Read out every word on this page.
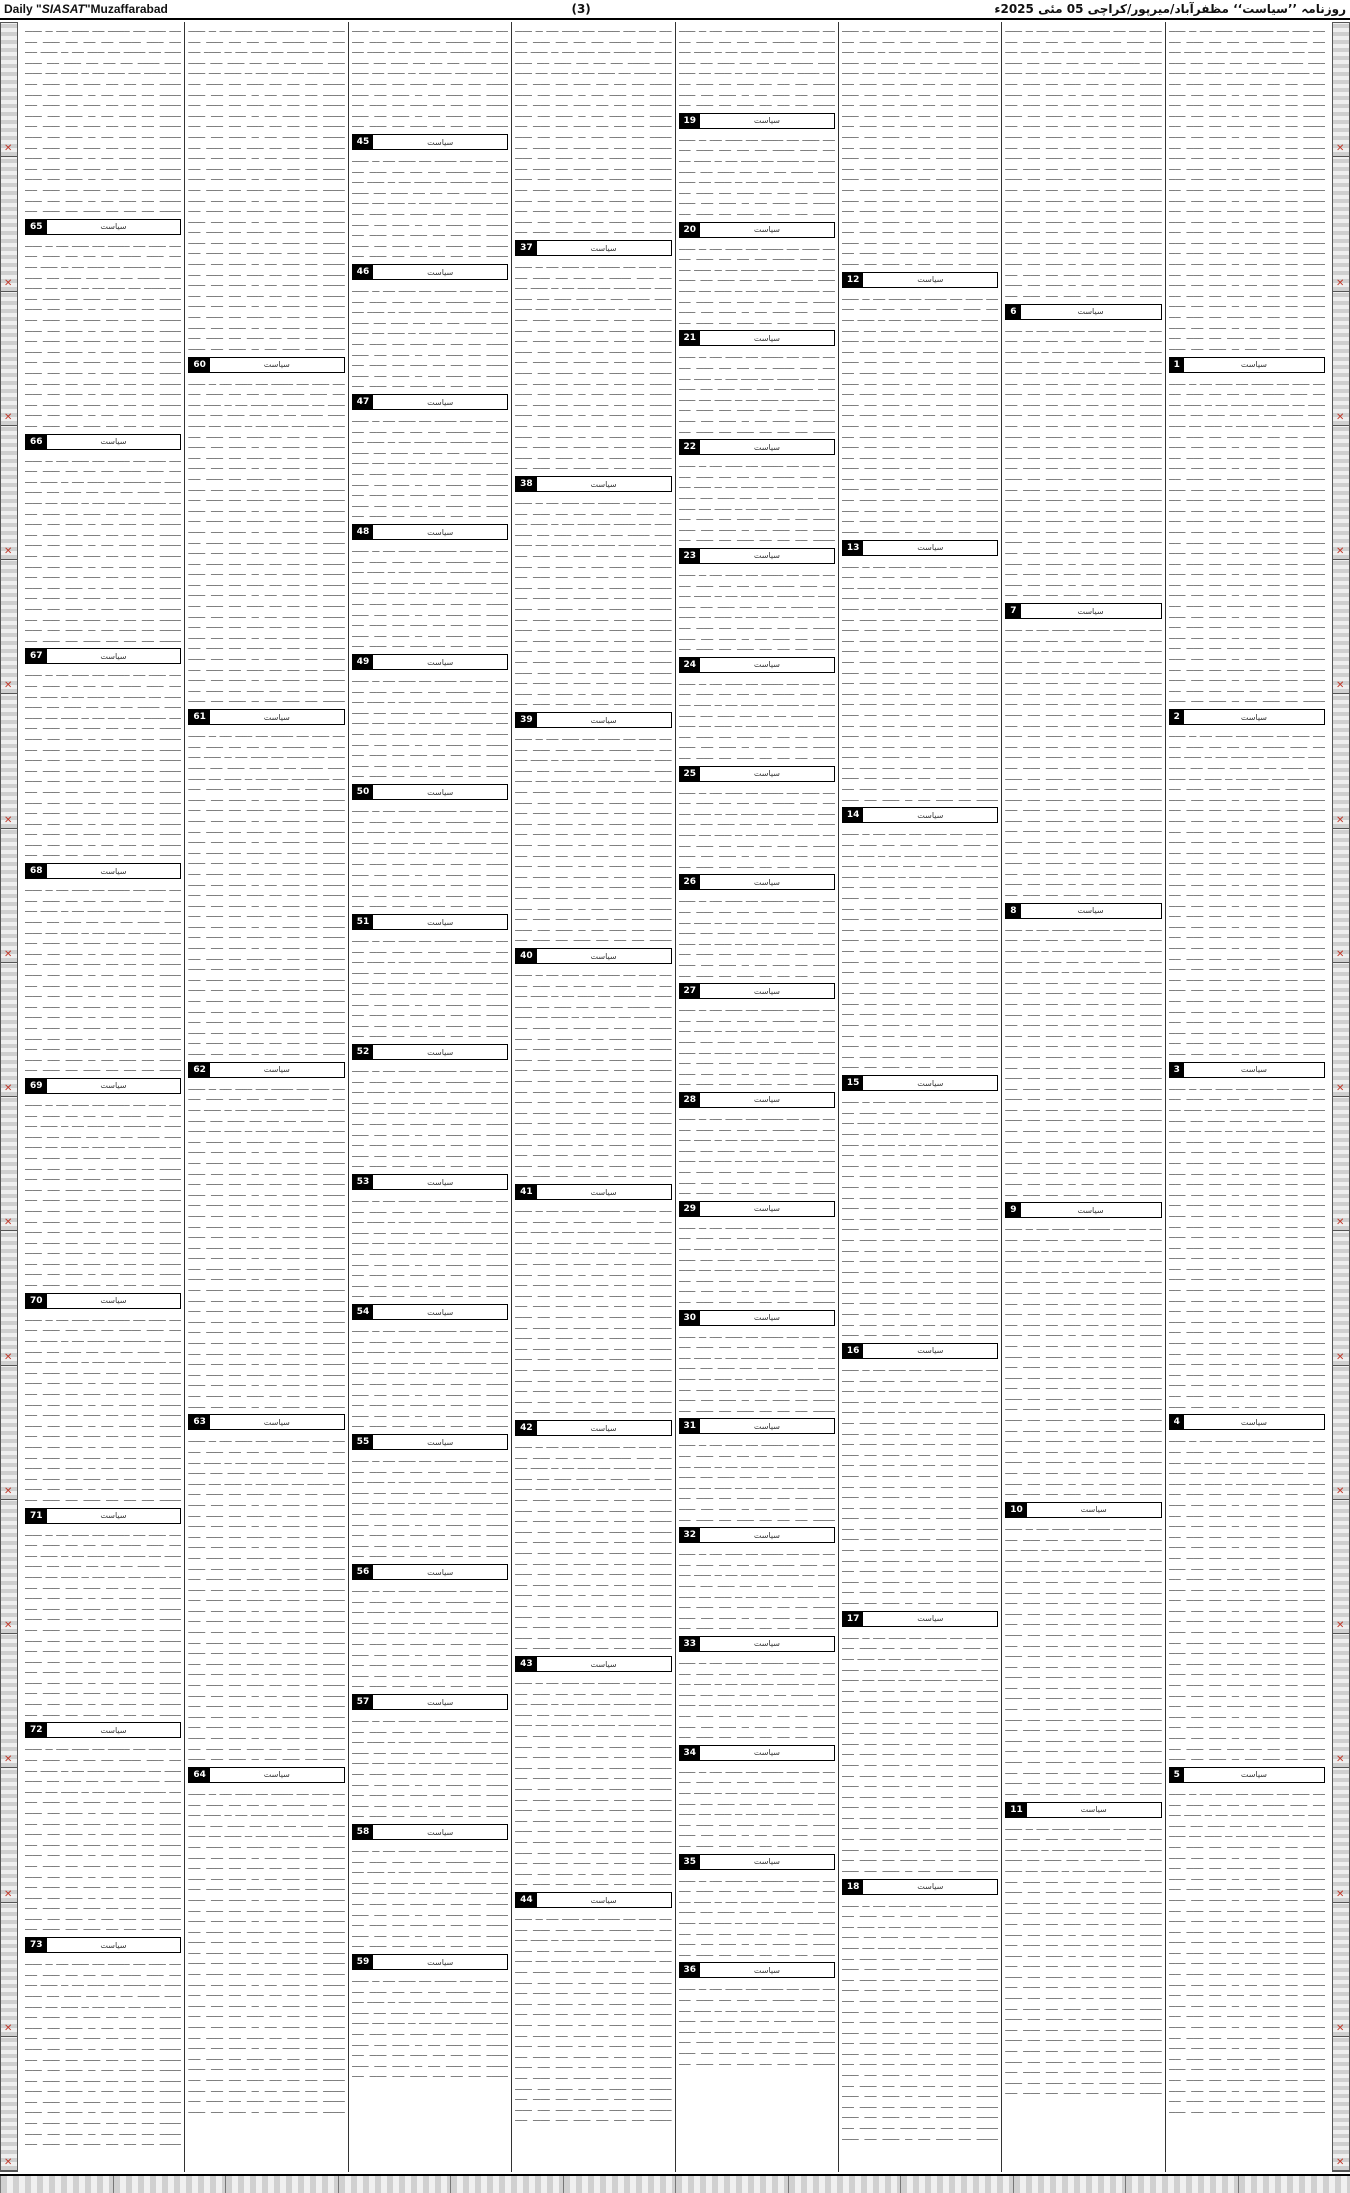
Daily "SIASAT"Muzaffarabad	(3)	روزنامہ ’’سیاست‘‘ مظفرآباد/میرپور/کراچی 05 مئی 2025ء
✕
✕
✕
✕
✕
✕
✕
✕
✕
✕
✕
✕
✕
✕
✕
✕
ـــــ ـــــــ ـــــ ـــــــــ ـــــ ـــــــ ـــــ ـــ ـــــــ ـــــ ـــــــ ـــــــــ ـــــ ـــــ ـــــ ـــــــ ـــــ ـــــــ ـــــ ـــــــــ ـــــ ـــــــ ـــــ ـــ ـــــــ ـــــ ـــــــ ـــــــــ ـــــ ـــــ ـــــ ـــــــ ـــــ ـــــــ ـــــ ـــــــــ ـــــ ـــــــ ـــــ ـــ ـــــــ ـــــ ـــــــ ـــــــــ ـــــ ـــــ ـــــ ـــــــ ـــــ ـــــــ ـــــ ـــــــــ ـــــ ـــــــ ـــــ ـــ ـــــــ ـــــ ـــــــ ـــــــــ ـــــ ـــــ ـــــ ـــــــ ـــــ ـــــــ ـــــ ـــــــــ ـــــ ـــــــ ـــــ ـــ ـــــــ ـــــ ـــــــ ـــــــــ ـــــ ـــــ ـــــ ـــــــ ـــــ ـــــــ ـــــ ـــــــــ ـــــ ـــــــ ـــــ ـــ ـــــــ ـــــ ـــــــ ـــــــــ ـــــ ـــــ ـــــ ـــــــ ـــــ ـــــــ ـــــ ـــــــــ ـــــ ـــــــ ـــــ ـــ ـــــــ ـــــ ـــــــ ـــــــــ ـــــ ـــــ ـــــ ـــــــ ـــــ ـــــــ ـــــ ـــــــــ ـــــ ـــــــ ـــــ ـــ ـــــــ ـــــ ـــــــ ـــــــــ ـــــ ـــــ ـــــ ـــــــ ـــــ ـــــــ ـــــ ـــــــــ ـــــ ـــــــ ـــــ ـــ ـــــــ ـــــ ـــــــ ـــــــــ ـــــ ـــــ ـــــ ـــــــ ـــــ ـــــــ ـــــ ـــــــــ ـــــ ـــــــ ـــــ ـــ ـــــــ ـــــ ـــــــ ـــــــــ ـــــ ـــــ ـــــ ـــــــ ـــــ ـــــــ ـــــ ـــــــــ ـــــ ـــــــ ـــــ ـــ ـــــــ ـــــ ـــــــ ـــــــــ ـــــ ـــــ ـــــ ـــــــ ـــــ ـــــــ ـــــ ـــــــــ ـــــ ـــــــ ـــــ ـــ ـــــــ ـــــ ـــــــ ـــــــــ ـــــ ـــــ ـــــ ـــــــ ـــــ ـــــــ ـــــ ـــــــــ ـــــ ـــــــ ـــــ ـــ ـــــــ ـــــ ـــــــ ـــــــــ ـــــ ـــــ ـــــ ـــــــ ـــــ ـــــــ ـــــ ـــــــــ ـــــ ـــــــ ـــــ ـــ ـــــــ ـــــ ـــــــ ـــــــــ ـــــ ـــــ ـــــ ـــــــ ـــــ ـــــــ ـــــ ـــــــــ ـــــ ـــــــ ـــــ ـــ ـــــــ ـــــ ـــــــ ـــــــــ ـــــ ـــــ ـــــ ـــــــ ـــــ ـــــــ ـــــ ـــــــــ ـــــ ـــــــ ـــــ ـــ ـــــــ ـــــ ـــــــ
1	سیاست
ـــــ ـــــــ ـــــ ـــــــــ ـــــ ـــــــ ـــــ ـــ ـــــــ ـــــ ـــــــ ـــــــــ ـــــ ـــــ ـــــ ـــــــ ـــــ ـــــــ ـــــ ـــــــــ ـــــ ـــــــ ـــــ ـــ ـــــــ ـــــ ـــــــ ـــــــــ ـــــ ـــــ ـــــ ـــــــ ـــــ ـــــــ ـــــ ـــــــــ ـــــ ـــــــ ـــــ ـــ ـــــــ ـــــ ـــــــ ـــــــــ ـــــ ـــــ ـــــ ـــــــ ـــــ ـــــــ ـــــ ـــــــــ ـــــ ـــــــ ـــــ ـــ ـــــــ ـــــ ـــــــ ـــــــــ ـــــ ـــــ ـــــ ـــــــ ـــــ ـــــــ ـــــ ـــــــــ ـــــ ـــــــ ـــــ ـــ ـــــــ ـــــ ـــــــ ـــــــــ ـــــ ـــــ ـــــ ـــــــ ـــــ ـــــــ ـــــ ـــــــــ ـــــ ـــــــ ـــــ ـــ ـــــــ ـــــ ـــــــ ـــــــــ ـــــ ـــــ ـــــ ـــــــ ـــــ ـــــــ ـــــ ـــــــــ ـــــ ـــــــ ـــــ ـــ ـــــــ ـــــ ـــــــ ـــــــــ ـــــ ـــــ ـــــ ـــــــ ـــــ ـــــــ ـــــ ـــــــــ ـــــ ـــــــ ـــــ ـــ ـــــــ ـــــ ـــــــ ـــــــــ ـــــ ـــــ ـــــ ـــــــ ـــــ ـــــــ ـــــ ـــــــــ ـــــ ـــــــ ـــــ ـــ ـــــــ ـــــ ـــــــ ـــــــــ ـــــ ـــــ ـــــ ـــــــ ـــــ ـــــــ ـــــ ـــــــــ ـــــ ـــــــ ـــــ ـــ ـــــــ ـــــ ـــــــ ـــــــــ ـــــ ـــــ ـــــ ـــــــ ـــــ ـــــــ ـــــ ـــــــــ ـــــ ـــــــ ـــــ ـــ ـــــــ ـــــ ـــــــ ـــــــــ ـــــ ـــــ ـــــ ـــــــ ـــــ ـــــــ ـــــ ـــــــــ ـــــ ـــــــ ـــــ ـــ ـــــــ ـــــ ـــــــ ـــــــــ ـــــ ـــــ ـــــ ـــــــ ـــــ ـــــــ ـــــ ـــــــــ ـــــ ـــــــ ـــــ ـــ ـــــــ ـــــ ـــــــ ـــــــــ ـــــ ـــــ ـــــ ـــــــ ـــــ ـــــــ ـــــ ـــــــــ ـــــ ـــــــ ـــــ ـــ ـــــــ ـــــ ـــــــ ـــــــــ ـــــ ـــــ ـــــ ـــــــ ـــــ ـــــــ ـــــ ـــــــــ ـــــ ـــــــ ـــــ ـــ ـــــــ ـــــ ـــــــ ـــــــــ ـــــ ـــــ ـــــ ـــــــ ـــــ ـــــــ ـــــ ـــــــــ ـــــ ـــــــ ـــــ ـــ ـــــــ ـــــ ـــــــ
2	سیاست
ـــــ ـــــــ ـــــ ـــــــــ ـــــ ـــــــ ـــــ ـــ ـــــــ ـــــ ـــــــ ـــــــــ ـــــ ـــــ ـــــ ـــــــ ـــــ ـــــــ ـــــ ـــــــــ ـــــ ـــــــ ـــــ ـــ ـــــــ ـــــ ـــــــ ـــــــــ ـــــ ـــــ ـــــ ـــــــ ـــــ ـــــــ ـــــ ـــــــــ ـــــ ـــــــ ـــــ ـــ ـــــــ ـــــ ـــــــ ـــــــــ ـــــ ـــــ ـــــ ـــــــ ـــــ ـــــــ ـــــ ـــــــــ ـــــ ـــــــ ـــــ ـــ ـــــــ ـــــ ـــــــ ـــــــــ ـــــ ـــــ ـــــ ـــــــ ـــــ ـــــــ ـــــ ـــــــــ ـــــ ـــــــ ـــــ ـــ ـــــــ ـــــ ـــــــ ـــــــــ ـــــ ـــــ ـــــ ـــــــ ـــــ ـــــــ ـــــ ـــــــــ ـــــ ـــــــ ـــــ ـــ ـــــــ ـــــ ـــــــ ـــــــــ ـــــ ـــــ ـــــ ـــــــ ـــــ ـــــــ ـــــ ـــــــــ ـــــ ـــــــ ـــــ ـــ ـــــــ ـــــ ـــــــ ـــــــــ ـــــ ـــــ ـــــ ـــــــ ـــــ ـــــــ ـــــ ـــــــــ ـــــ ـــــــ ـــــ ـــ ـــــــ ـــــ ـــــــ ـــــــــ ـــــ ـــــ ـــــ ـــــــ ـــــ ـــــــ ـــــ ـــــــــ ـــــ ـــــــ ـــــ ـــ ـــــــ ـــــ ـــــــ ـــــــــ ـــــ ـــــ ـــــ ـــــــ ـــــ ـــــــ ـــــ ـــــــــ ـــــ ـــــــ ـــــ ـــ ـــــــ ـــــ ـــــــ ـــــــــ ـــــ ـــــ ـــــ ـــــــ ـــــ ـــــــ ـــــ ـــــــــ ـــــ ـــــــ ـــــ ـــ ـــــــ ـــــ ـــــــ ـــــــــ ـــــ ـــــ ـــــ ـــــــ ـــــ ـــــــ ـــــ ـــــــــ ـــــ ـــــــ ـــــ ـــ ـــــــ ـــــ ـــــــ ـــــــــ ـــــ ـــــ ـــــ ـــــــ ـــــ ـــــــ ـــــ ـــــــــ ـــــ ـــــــ ـــــ ـــ ـــــــ ـــــ ـــــــ ـــــــــ ـــــ ـــــ ـــــ ـــــــ ـــــ ـــــــ ـــــ ـــــــــ ـــــ ـــــــ ـــــ ـــ ـــــــ ـــــ ـــــــ ـــــــــ ـــــ ـــــ ـــــ ـــــــ ـــــ ـــــــ ـــــ ـــــــــ ـــــ ـــــــ ـــــ ـــ ـــــــ ـــــ ـــــــ ـــــــــ ـــــ ـــــ ـــــ ـــــــ ـــــ ـــــــ ـــــ ـــــــــ ـــــ ـــــــ ـــــ ـــ ـــــــ ـــــ ـــــــ
3	سیاست
ـــــ ـــــــ ـــــ ـــــــــ ـــــ ـــــــ ـــــ ـــ ـــــــ ـــــ ـــــــ ـــــــــ ـــــ ـــــ ـــــ ـــــــ ـــــ ـــــــ ـــــ ـــــــــ ـــــ ـــــــ ـــــ ـــ ـــــــ ـــــ ـــــــ ـــــــــ ـــــ ـــــ ـــــ ـــــــ ـــــ ـــــــ ـــــ ـــــــــ ـــــ ـــــــ ـــــ ـــ ـــــــ ـــــ ـــــــ ـــــــــ ـــــ ـــــ ـــــ ـــــــ ـــــ ـــــــ ـــــ ـــــــــ ـــــ ـــــــ ـــــ ـــ ـــــــ ـــــ ـــــــ ـــــــــ ـــــ ـــــ ـــــ ـــــــ ـــــ ـــــــ ـــــ ـــــــــ ـــــ ـــــــ ـــــ ـــ ـــــــ ـــــ ـــــــ ـــــــــ ـــــ ـــــ ـــــ ـــــــ ـــــ ـــــــ ـــــ ـــــــــ ـــــ ـــــــ ـــــ ـــ ـــــــ ـــــ ـــــــ ـــــــــ ـــــ ـــــ ـــــ ـــــــ ـــــ ـــــــ ـــــ ـــــــــ ـــــ ـــــــ ـــــ ـــ ـــــــ ـــــ ـــــــ ـــــــــ ـــــ ـــــ ـــــ ـــــــ ـــــ ـــــــ ـــــ ـــــــــ ـــــ ـــــــ ـــــ ـــ ـــــــ ـــــ ـــــــ ـــــــــ ـــــ ـــــ ـــــ ـــــــ ـــــ ـــــــ ـــــ ـــــــــ ـــــ ـــــــ ـــــ ـــ ـــــــ ـــــ ـــــــ ـــــــــ ـــــ ـــــ ـــــ ـــــــ ـــــ ـــــــ ـــــ ـــــــــ ـــــ ـــــــ ـــــ ـــ ـــــــ ـــــ ـــــــ ـــــــــ ـــــ ـــــ ـــــ ـــــــ ـــــ ـــــــ ـــــ ـــــــــ ـــــ ـــــــ ـــــ ـــ ـــــــ ـــــ ـــــــ ـــــــــ ـــــ ـــــ ـــــ ـــــــ ـــــ ـــــــ ـــــ ـــــــــ ـــــ ـــــــ ـــــ ـــ ـــــــ ـــــ ـــــــ ـــــــــ ـــــ ـــــ ـــــ ـــــــ ـــــ ـــــــ ـــــ ـــــــــ ـــــ ـــــــ ـــــ ـــ ـــــــ ـــــ ـــــــ ـــــــــ ـــــ ـــــ ـــــ ـــــــ ـــــ ـــــــ ـــــ ـــــــــ ـــــ ـــــــ ـــــ ـــ ـــــــ ـــــ ـــــــ ـــــــــ ـــــ ـــــ ـــــ ـــــــ ـــــ ـــــــ ـــــ ـــــــــ ـــــ ـــــــ ـــــ ـــ ـــــــ ـــــ ـــــــ ـــــــــ ـــــ ـــــ ـــــ ـــــــ ـــــ ـــــــ ـــــ ـــــــــ ـــــ ـــــــ ـــــ ـــ ـــــــ ـــــ ـــــــ
4	سیاست
ـــــ ـــــــ ـــــ ـــــــــ ـــــ ـــــــ ـــــ ـــ ـــــــ ـــــ ـــــــ ـــــــــ ـــــ ـــــ ـــــ ـــــــ ـــــ ـــــــ ـــــ ـــــــــ ـــــ ـــــــ ـــــ ـــ ـــــــ ـــــ ـــــــ ـــــــــ ـــــ ـــــ ـــــ ـــــــ ـــــ ـــــــ ـــــ ـــــــــ ـــــ ـــــــ ـــــ ـــ ـــــــ ـــــ ـــــــ ـــــــــ ـــــ ـــــ ـــــ ـــــــ ـــــ ـــــــ ـــــ ـــــــــ ـــــ ـــــــ ـــــ ـــ ـــــــ ـــــ ـــــــ ـــــــــ ـــــ ـــــ ـــــ ـــــــ ـــــ ـــــــ ـــــ ـــــــــ ـــــ ـــــــ ـــــ ـــ ـــــــ ـــــ ـــــــ ـــــــــ ـــــ ـــــ ـــــ ـــــــ ـــــ ـــــــ ـــــ ـــــــــ ـــــ ـــــــ ـــــ ـــ ـــــــ ـــــ ـــــــ ـــــــــ ـــــ ـــــ ـــــ ـــــــ ـــــ ـــــــ ـــــ ـــــــــ ـــــ ـــــــ ـــــ ـــ ـــــــ ـــــ ـــــــ ـــــــــ ـــــ ـــــ ـــــ ـــــــ ـــــ ـــــــ ـــــ ـــــــــ ـــــ ـــــــ ـــــ ـــ ـــــــ ـــــ ـــــــ ـــــــــ ـــــ ـــــ ـــــ ـــــــ ـــــ ـــــــ ـــــ ـــــــــ ـــــ ـــــــ ـــــ ـــ ـــــــ ـــــ ـــــــ ـــــــــ ـــــ ـــــ ـــــ ـــــــ ـــــ ـــــــ ـــــ ـــــــــ ـــــ ـــــــ ـــــ ـــ ـــــــ ـــــ ـــــــ ـــــــــ ـــــ ـــــ ـــــ ـــــــ ـــــ ـــــــ ـــــ ـــــــــ ـــــ ـــــــ ـــــ ـــ ـــــــ ـــــ ـــــــ ـــــــــ ـــــ ـــــ ـــــ ـــــــ ـــــ ـــــــ ـــــ ـــــــــ ـــــ ـــــــ ـــــ ـــ ـــــــ ـــــ ـــــــ ـــــــــ ـــــ ـــــ ـــــ ـــــــ ـــــ ـــــــ ـــــ ـــــــــ ـــــ ـــــــ ـــــ ـــ ـــــــ ـــــ ـــــــ ـــــــــ ـــــ ـــــ ـــــ ـــــــ ـــــ ـــــــ ـــــ ـــــــــ ـــــ ـــــــ ـــــ ـــ ـــــــ ـــــ ـــــــ ـــــــــ ـــــ ـــــ ـــــ ـــــــ ـــــ ـــــــ ـــــ ـــــــــ ـــــ ـــــــ ـــــ ـــ ـــــــ ـــــ ـــــــ ـــــــــ ـــــ ـــــ ـــــ ـــــــ ـــــ ـــــــ ـــــ ـــــــــ ـــــ ـــــــ ـــــ ـــ ـــــــ ـــــ ـــــــ
5	سیاست
ـــــ ـــــــ ـــــ ـــــــــ ـــــ ـــــــ ـــــ ـــ ـــــــ ـــــ ـــــــ ـــــــــ ـــــ ـــــ ـــــ ـــــــ ـــــ ـــــــ ـــــ ـــــــــ ـــــ ـــــــ ـــــ ـــ ـــــــ ـــــ ـــــــ ـــــــــ ـــــ ـــــ ـــــ ـــــــ ـــــ ـــــــ ـــــ ـــــــــ ـــــ ـــــــ ـــــ ـــ ـــــــ ـــــ ـــــــ ـــــــــ ـــــ ـــــ ـــــ ـــــــ ـــــ ـــــــ ـــــ ـــــــــ ـــــ ـــــــ ـــــ ـــ ـــــــ ـــــ ـــــــ ـــــــــ ـــــ ـــــ ـــــ ـــــــ ـــــ ـــــــ ـــــ ـــــــــ ـــــ ـــــــ ـــــ ـــ ـــــــ ـــــ ـــــــ ـــــــــ ـــــ ـــــ ـــــ ـــــــ ـــــ ـــــــ ـــــ ـــــــــ ـــــ ـــــــ ـــــ ـــ ـــــــ ـــــ ـــــــ ـــــــــ ـــــ ـــــ ـــــ ـــــــ ـــــ ـــــــ ـــــ ـــــــــ ـــــ ـــــــ ـــــ ـــ ـــــــ ـــــ ـــــــ ـــــــــ ـــــ ـــــ ـــــ ـــــــ ـــــ ـــــــ ـــــ ـــــــــ ـــــ ـــــــ ـــــ ـــ ـــــــ ـــــ ـــــــ ـــــــــ ـــــ ـــــ ـــــ ـــــــ ـــــ ـــــــ ـــــ ـــــــــ ـــــ ـــــــ ـــــ ـــ ـــــــ ـــــ ـــــــ ـــــــــ ـــــ ـــــ ـــــ ـــــــ ـــــ ـــــــ ـــــ ـــــــــ ـــــ ـــــــ ـــــ ـــ ـــــــ ـــــ ـــــــ ـــــــــ ـــــ ـــــ ـــــ ـــــــ ـــــ ـــــــ ـــــ ـــــــــ ـــــ ـــــــ ـــــ ـــ ـــــــ ـــــ ـــــــ ـــــــــ ـــــ ـــــ ـــــ ـــــــ ـــــ ـــــــ ـــــ ـــــــــ ـــــ ـــــــ ـــــ ـــ ـــــــ ـــــ ـــــــ ـــــــــ ـــــ ـــــ ـــــ ـــــــ ـــــ ـــــــ ـــــ ـــــــــ ـــــ ـــــــ ـــــ ـــ ـــــــ ـــــ ـــــــ ـــــــــ ـــــ ـــــ ـــــ ـــــــ ـــــ ـــــــ ـــــ ـــــــــ ـــــ ـــــــ ـــــ ـــ ـــــــ ـــــ ـــــــ ـــــــــ ـــــ ـــــ ـــــ ـــــــ ـــــ ـــــــ ـــــ ـــــــــ ـــــ ـــــــ ـــــ ـــ ـــــــ ـــــ ـــــــ ـــــــــ ـــــ ـــــ ـــــ ـــــــ ـــــ ـــــــ ـــــ ـــــــــ ـــــ ـــــــ ـــــ ـــ ـــــــ ـــــ ـــــــ
ـــــ ـــــــ ـــــ ـــــــــ ـــــ ـــــــ ـــــ ـــ ـــــــ ـــــ ـــــــ ـــــــــ ـــــ ـــــ ـــــ ـــــــ ـــــ ـــــــ ـــــ ـــــــــ ـــــ ـــــــ ـــــ ـــ ـــــــ ـــــ ـــــــ ـــــــــ ـــــ ـــــ ـــــ ـــــــ ـــــ ـــــــ ـــــ ـــــــــ ـــــ ـــــــ ـــــ ـــ ـــــــ ـــــ ـــــــ ـــــــــ ـــــ ـــــ ـــــ ـــــــ ـــــ ـــــــ ـــــ ـــــــــ ـــــ ـــــــ ـــــ ـــ ـــــــ ـــــ ـــــــ ـــــــــ ـــــ ـــــ ـــــ ـــــــ ـــــ ـــــــ ـــــ ـــــــــ ـــــ ـــــــ ـــــ ـــ ـــــــ ـــــ ـــــــ ـــــــــ ـــــ ـــــ ـــــ ـــــــ ـــــ ـــــــ ـــــ ـــــــــ ـــــ ـــــــ ـــــ ـــ ـــــــ ـــــ ـــــــ ـــــــــ ـــــ ـــــ ـــــ ـــــــ ـــــ ـــــــ ـــــ ـــــــــ ـــــ ـــــــ ـــــ ـــ ـــــــ ـــــ ـــــــ ـــــــــ ـــــ ـــــ ـــــ ـــــــ ـــــ ـــــــ ـــــ ـــــــــ ـــــ ـــــــ ـــــ ـــ ـــــــ ـــــ ـــــــ ـــــــــ ـــــ ـــــ ـــــ ـــــــ ـــــ ـــــــ ـــــ ـــــــــ ـــــ ـــــــ ـــــ ـــ ـــــــ ـــــ ـــــــ ـــــــــ ـــــ ـــــ ـــــ ـــــــ ـــــ ـــــــ ـــــ ـــــــــ ـــــ ـــــــ ـــــ ـــ ـــــــ ـــــ ـــــــ ـــــــــ ـــــ ـــــ ـــــ ـــــــ ـــــ ـــــــ ـــــ ـــــــــ ـــــ ـــــــ ـــــ ـــ ـــــــ ـــــ ـــــــ ـــــــــ ـــــ ـــــ ـــــ ـــــــ ـــــ ـــــــ ـــــ ـــــــــ ـــــ ـــــــ ـــــ ـــ ـــــــ ـــــ ـــــــ ـــــــــ ـــــ ـــــ ـــــ ـــــــ ـــــ ـــــــ ـــــ ـــــــــ ـــــ ـــــــ ـــــ ـــ ـــــــ ـــــ ـــــــ ـــــــــ ـــــ ـــــ ـــــ ـــــــ ـــــ ـــــــ ـــــ
6	سیاست
ـــــ ـــــــ ـــــ ـــــــــ ـــــ ـــــــ ـــــ ـــ ـــــــ ـــــ ـــــــ ـــــــــ ـــــ ـــــ ـــــ ـــــــ ـــــ ـــــــ ـــــ ـــــــــ ـــــ ـــــــ ـــــ ـــ ـــــــ ـــــ ـــــــ ـــــــــ ـــــ ـــــ ـــــ ـــــــ ـــــ ـــــــ ـــــ ـــــــــ ـــــ ـــــــ ـــــ ـــ ـــــــ ـــــ ـــــــ ـــــــــ ـــــ ـــــ ـــــ ـــــــ ـــــ ـــــــ ـــــ ـــــــــ ـــــ ـــــــ ـــــ ـــ ـــــــ ـــــ ـــــــ ـــــــــ ـــــ ـــــ ـــــ ـــــــ ـــــ ـــــــ ـــــ ـــــــــ ـــــ ـــــــ ـــــ ـــ ـــــــ ـــــ ـــــــ ـــــــــ ـــــ ـــــ ـــــ ـــــــ ـــــ ـــــــ ـــــ ـــــــــ ـــــ ـــــــ ـــــ ـــ ـــــــ ـــــ ـــــــ ـــــــــ ـــــ ـــــ ـــــ ـــــــ ـــــ ـــــــ ـــــ ـــــــــ ـــــ ـــــــ ـــــ ـــ ـــــــ ـــــ ـــــــ ـــــــــ ـــــ ـــــ ـــــ ـــــــ ـــــ ـــــــ ـــــ ـــــــــ ـــــ ـــــــ ـــــ ـــ ـــــــ ـــــ ـــــــ ـــــــــ ـــــ ـــــ ـــــ ـــــــ ـــــ ـــــــ ـــــ ـــــــــ ـــــ ـــــــ ـــــ ـــ ـــــــ ـــــ ـــــــ ـــــــــ ـــــ ـــــ ـــــ ـــــــ ـــــ ـــــــ ـــــ ـــــــــ ـــــ ـــــــ ـــــ ـــ ـــــــ ـــــ ـــــــ ـــــــــ ـــــ ـــــ ـــــ ـــــــ ـــــ ـــــــ ـــــ ـــــــــ ـــــ ـــــــ ـــــ ـــ ـــــــ ـــــ ـــــــ ـــــــــ ـــــ ـــــ ـــــ ـــــــ ـــــ ـــــــ ـــــ ـــــــــ ـــــ ـــــــ ـــــ ـــ ـــــــ ـــــ ـــــــ ـــــــــ ـــــ ـــــ ـــــ ـــــــ ـــــ ـــــــ ـــــ ـــــــــ ـــــ ـــــــ ـــــ ـــ ـــــــ ـــــ ـــــــ ـــــــــ ـــــ ـــــ ـــــ ـــــــ ـــــ ـــــــ ـــــ
7	سیاست
ـــــ ـــــــ ـــــ ـــــــــ ـــــ ـــــــ ـــــ ـــ ـــــــ ـــــ ـــــــ ـــــــــ ـــــ ـــــ ـــــ ـــــــ ـــــ ـــــــ ـــــ ـــــــــ ـــــ ـــــــ ـــــ ـــ ـــــــ ـــــ ـــــــ ـــــــــ ـــــ ـــــ ـــــ ـــــــ ـــــ ـــــــ ـــــ ـــــــــ ـــــ ـــــــ ـــــ ـــ ـــــــ ـــــ ـــــــ ـــــــــ ـــــ ـــــ ـــــ ـــــــ ـــــ ـــــــ ـــــ ـــــــــ ـــــ ـــــــ ـــــ ـــ ـــــــ ـــــ ـــــــ ـــــــــ ـــــ ـــــ ـــــ ـــــــ ـــــ ـــــــ ـــــ ـــــــــ ـــــ ـــــــ ـــــ ـــ ـــــــ ـــــ ـــــــ ـــــــــ ـــــ ـــــ ـــــ ـــــــ ـــــ ـــــــ ـــــ ـــــــــ ـــــ ـــــــ ـــــ ـــ ـــــــ ـــــ ـــــــ ـــــــــ ـــــ ـــــ ـــــ ـــــــ ـــــ ـــــــ ـــــ ـــــــــ ـــــ ـــــــ ـــــ ـــ ـــــــ ـــــ ـــــــ ـــــــــ ـــــ ـــــ ـــــ ـــــــ ـــــ ـــــــ ـــــ ـــــــــ ـــــ ـــــــ ـــــ ـــ ـــــــ ـــــ ـــــــ ـــــــــ ـــــ ـــــ ـــــ ـــــــ ـــــ ـــــــ ـــــ ـــــــــ ـــــ ـــــــ ـــــ ـــ ـــــــ ـــــ ـــــــ ـــــــــ ـــــ ـــــ ـــــ ـــــــ ـــــ ـــــــ ـــــ ـــــــــ ـــــ ـــــــ ـــــ ـــ ـــــــ ـــــ ـــــــ ـــــــــ ـــــ ـــــ ـــــ ـــــــ ـــــ ـــــــ ـــــ ـــــــــ ـــــ ـــــــ ـــــ ـــ ـــــــ ـــــ ـــــــ ـــــــــ ـــــ ـــــ ـــــ ـــــــ ـــــ ـــــــ ـــــ ـــــــــ ـــــ ـــــــ ـــــ ـــ ـــــــ ـــــ ـــــــ ـــــــــ ـــــ ـــــ ـــــ ـــــــ ـــــ ـــــــ ـــــ ـــــــــ ـــــ ـــــــ ـــــ ـــ ـــــــ ـــــ ـــــــ ـــــــــ ـــــ ـــــ ـــــ ـــــــ ـــــ ـــــــ ـــــ
8	سیاست
ـــــ ـــــــ ـــــ ـــــــــ ـــــ ـــــــ ـــــ ـــ ـــــــ ـــــ ـــــــ ـــــــــ ـــــ ـــــ ـــــ ـــــــ ـــــ ـــــــ ـــــ ـــــــــ ـــــ ـــــــ ـــــ ـــ ـــــــ ـــــ ـــــــ ـــــــــ ـــــ ـــــ ـــــ ـــــــ ـــــ ـــــــ ـــــ ـــــــــ ـــــ ـــــــ ـــــ ـــ ـــــــ ـــــ ـــــــ ـــــــــ ـــــ ـــــ ـــــ ـــــــ ـــــ ـــــــ ـــــ ـــــــــ ـــــ ـــــــ ـــــ ـــ ـــــــ ـــــ ـــــــ ـــــــــ ـــــ ـــــ ـــــ ـــــــ ـــــ ـــــــ ـــــ ـــــــــ ـــــ ـــــــ ـــــ ـــ ـــــــ ـــــ ـــــــ ـــــــــ ـــــ ـــــ ـــــ ـــــــ ـــــ ـــــــ ـــــ ـــــــــ ـــــ ـــــــ ـــــ ـــ ـــــــ ـــــ ـــــــ ـــــــــ ـــــ ـــــ ـــــ ـــــــ ـــــ ـــــــ ـــــ ـــــــــ ـــــ ـــــــ ـــــ ـــ ـــــــ ـــــ ـــــــ ـــــــــ ـــــ ـــــ ـــــ ـــــــ ـــــ ـــــــ ـــــ ـــــــــ ـــــ ـــــــ ـــــ ـــ ـــــــ ـــــ ـــــــ ـــــــــ ـــــ ـــــ ـــــ ـــــــ ـــــ ـــــــ ـــــ ـــــــــ ـــــ ـــــــ ـــــ ـــ ـــــــ ـــــ ـــــــ ـــــــــ ـــــ ـــــ ـــــ ـــــــ ـــــ ـــــــ ـــــ ـــــــــ ـــــ ـــــــ ـــــ ـــ ـــــــ ـــــ ـــــــ ـــــــــ ـــــ ـــــ ـــــ ـــــــ ـــــ ـــــــ ـــــ ـــــــــ ـــــ ـــــــ ـــــ ـــ ـــــــ ـــــ ـــــــ ـــــــــ ـــــ ـــــ ـــــ ـــــــ ـــــ ـــــــ ـــــ ـــــــــ ـــــ ـــــــ ـــــ ـــ ـــــــ ـــــ ـــــــ ـــــــــ ـــــ ـــــ ـــــ ـــــــ ـــــ ـــــــ ـــــ ـــــــــ ـــــ ـــــــ ـــــ ـــ ـــــــ ـــــ ـــــــ ـــــــــ ـــــ ـــــ ـــــ ـــــــ ـــــ ـــــــ ـــــ
9	سیاست
ـــــ ـــــــ ـــــ ـــــــــ ـــــ ـــــــ ـــــ ـــ ـــــــ ـــــ ـــــــ ـــــــــ ـــــ ـــــ ـــــ ـــــــ ـــــ ـــــــ ـــــ ـــــــــ ـــــ ـــــــ ـــــ ـــ ـــــــ ـــــ ـــــــ ـــــــــ ـــــ ـــــ ـــــ ـــــــ ـــــ ـــــــ ـــــ ـــــــــ ـــــ ـــــــ ـــــ ـــ ـــــــ ـــــ ـــــــ ـــــــــ ـــــ ـــــ ـــــ ـــــــ ـــــ ـــــــ ـــــ ـــــــــ ـــــ ـــــــ ـــــ ـــ ـــــــ ـــــ ـــــــ ـــــــــ ـــــ ـــــ ـــــ ـــــــ ـــــ ـــــــ ـــــ ـــــــــ ـــــ ـــــــ ـــــ ـــ ـــــــ ـــــ ـــــــ ـــــــــ ـــــ ـــــ ـــــ ـــــــ ـــــ ـــــــ ـــــ ـــــــــ ـــــ ـــــــ ـــــ ـــ ـــــــ ـــــ ـــــــ ـــــــــ ـــــ ـــــ ـــــ ـــــــ ـــــ ـــــــ ـــــ ـــــــــ ـــــ ـــــــ ـــــ ـــ ـــــــ ـــــ ـــــــ ـــــــــ ـــــ ـــــ ـــــ ـــــــ ـــــ ـــــــ ـــــ ـــــــــ ـــــ ـــــــ ـــــ ـــ ـــــــ ـــــ ـــــــ ـــــــــ ـــــ ـــــ ـــــ ـــــــ ـــــ ـــــــ ـــــ ـــــــــ ـــــ ـــــــ ـــــ ـــ ـــــــ ـــــ ـــــــ ـــــــــ ـــــ ـــــ ـــــ ـــــــ ـــــ ـــــــ ـــــ ـــــــــ ـــــ ـــــــ ـــــ ـــ ـــــــ ـــــ ـــــــ ـــــــــ ـــــ ـــــ ـــــ ـــــــ ـــــ ـــــــ ـــــ ـــــــــ ـــــ ـــــــ ـــــ ـــ ـــــــ ـــــ ـــــــ ـــــــــ ـــــ ـــــ ـــــ ـــــــ ـــــ ـــــــ ـــــ ـــــــــ ـــــ ـــــــ ـــــ ـــ ـــــــ ـــــ ـــــــ ـــــــــ ـــــ ـــــ ـــــ ـــــــ ـــــ ـــــــ ـــــ ـــــــــ ـــــ ـــــــ ـــــ ـــ ـــــــ ـــــ ـــــــ ـــــــــ ـــــ ـــــ ـــــ ـــــــ ـــــ ـــــــ ـــــ
10	سیاست
ـــــ ـــــــ ـــــ ـــــــــ ـــــ ـــــــ ـــــ ـــ ـــــــ ـــــ ـــــــ ـــــــــ ـــــ ـــــ ـــــ ـــــــ ـــــ ـــــــ ـــــ ـــــــــ ـــــ ـــــــ ـــــ ـــ ـــــــ ـــــ ـــــــ ـــــــــ ـــــ ـــــ ـــــ ـــــــ ـــــ ـــــــ ـــــ ـــــــــ ـــــ ـــــــ ـــــ ـــ ـــــــ ـــــ ـــــــ ـــــــــ ـــــ ـــــ ـــــ ـــــــ ـــــ ـــــــ ـــــ ـــــــــ ـــــ ـــــــ ـــــ ـــ ـــــــ ـــــ ـــــــ ـــــــــ ـــــ ـــــ ـــــ ـــــــ ـــــ ـــــــ ـــــ ـــــــــ ـــــ ـــــــ ـــــ ـــ ـــــــ ـــــ ـــــــ ـــــــــ ـــــ ـــــ ـــــ ـــــــ ـــــ ـــــــ ـــــ ـــــــــ ـــــ ـــــــ ـــــ ـــ ـــــــ ـــــ ـــــــ ـــــــــ ـــــ ـــــ ـــــ ـــــــ ـــــ ـــــــ ـــــ ـــــــــ ـــــ ـــــــ ـــــ ـــ ـــــــ ـــــ ـــــــ ـــــــــ ـــــ ـــــ ـــــ ـــــــ ـــــ ـــــــ ـــــ ـــــــــ ـــــ ـــــــ ـــــ ـــ ـــــــ ـــــ ـــــــ ـــــــــ ـــــ ـــــ ـــــ ـــــــ ـــــ ـــــــ ـــــ ـــــــــ ـــــ ـــــــ ـــــ ـــ ـــــــ ـــــ ـــــــ ـــــــــ ـــــ ـــــ ـــــ ـــــــ ـــــ ـــــــ ـــــ ـــــــــ ـــــ ـــــــ ـــــ ـــ ـــــــ ـــــ ـــــــ ـــــــــ ـــــ ـــــ ـــــ ـــــــ ـــــ ـــــــ ـــــ ـــــــــ ـــــ ـــــــ ـــــ ـــ ـــــــ ـــــ ـــــــ ـــــــــ ـــــ ـــــ ـــــ ـــــــ ـــــ ـــــــ ـــــ ـــــــــ ـــــ ـــــــ ـــــ ـــ ـــــــ ـــــ ـــــــ ـــــــــ ـــــ ـــــ ـــــ ـــــــ ـــــ ـــــــ ـــــ ـــــــــ ـــــ ـــــــ ـــــ ـــ ـــــــ ـــــ ـــــــ ـــــــــ ـــــ ـــــ ـــــ ـــــــ ـــــ ـــــــ ـــــ
11	سیاست
ـــــ ـــــــ ـــــ ـــــــــ ـــــ ـــــــ ـــــ ـــ ـــــــ ـــــ ـــــــ ـــــــــ ـــــ ـــــ ـــــ ـــــــ ـــــ ـــــــ ـــــ ـــــــــ ـــــ ـــــــ ـــــ ـــ ـــــــ ـــــ ـــــــ ـــــــــ ـــــ ـــــ ـــــ ـــــــ ـــــ ـــــــ ـــــ ـــــــــ ـــــ ـــــــ ـــــ ـــ ـــــــ ـــــ ـــــــ ـــــــــ ـــــ ـــــ ـــــ ـــــــ ـــــ ـــــــ ـــــ ـــــــــ ـــــ ـــــــ ـــــ ـــ ـــــــ ـــــ ـــــــ ـــــــــ ـــــ ـــــ ـــــ ـــــــ ـــــ ـــــــ ـــــ ـــــــــ ـــــ ـــــــ ـــــ ـــ ـــــــ ـــــ ـــــــ ـــــــــ ـــــ ـــــ ـــــ ـــــــ ـــــ ـــــــ ـــــ ـــــــــ ـــــ ـــــــ ـــــ ـــ ـــــــ ـــــ ـــــــ ـــــــــ ـــــ ـــــ ـــــ ـــــــ ـــــ ـــــــ ـــــ ـــــــــ ـــــ ـــــــ ـــــ ـــ ـــــــ ـــــ ـــــــ ـــــــــ ـــــ ـــــ ـــــ ـــــــ ـــــ ـــــــ ـــــ ـــــــــ ـــــ ـــــــ ـــــ ـــ ـــــــ ـــــ ـــــــ ـــــــــ ـــــ ـــــ ـــــ ـــــــ ـــــ ـــــــ ـــــ ـــــــــ ـــــ ـــــــ ـــــ ـــ ـــــــ ـــــ ـــــــ ـــــــــ ـــــ ـــــ ـــــ ـــــــ ـــــ ـــــــ ـــــ ـــــــــ ـــــ ـــــــ ـــــ ـــ ـــــــ ـــــ ـــــــ ـــــــــ ـــــ ـــــ ـــــ ـــــــ ـــــ ـــــــ ـــــ ـــــــــ ـــــ ـــــــ ـــــ ـــ ـــــــ ـــــ ـــــــ ـــــــــ ـــــ ـــــ ـــــ ـــــــ ـــــ ـــــــ ـــــ ـــــــــ ـــــ ـــــــ ـــــ ـــ ـــــــ ـــــ ـــــــ ـــــــــ ـــــ ـــــ ـــــ ـــــــ ـــــ ـــــــ ـــــ ـــــــــ ـــــ ـــــــ ـــــ ـــ ـــــــ ـــــ ـــــــ ـــــــــ ـــــ ـــــ ـــــ ـــــــ ـــــ ـــــــ ـــــ
ـــــ ـــــــ ـــــ ـــــــــ ـــــ ـــــــ ـــــ ـــ ـــــــ ـــــ ـــــــ ـــــــــ ـــــ ـــــ ـــــ ـــــــ ـــــ ـــــــ ـــــ ـــــــــ ـــــ ـــــــ ـــــ ـــ ـــــــ ـــــ ـــــــ ـــــــــ ـــــ ـــــ ـــــ ـــــــ ـــــ ـــــــ ـــــ ـــــــــ ـــــ ـــــــ ـــــ ـــ ـــــــ ـــــ ـــــــ ـــــــــ ـــــ ـــــ ـــــ ـــــــ ـــــ ـــــــ ـــــ ـــــــــ ـــــ ـــــــ ـــــ ـــ ـــــــ ـــــ ـــــــ ـــــــــ ـــــ ـــــ ـــــ ـــــــ ـــــ ـــــــ ـــــ ـــــــــ ـــــ ـــــــ ـــــ ـــ ـــــــ ـــــ ـــــــ ـــــــــ ـــــ ـــــ ـــــ ـــــــ ـــــ ـــــــ ـــــ ـــــــــ ـــــ ـــــــ ـــــ ـــ ـــــــ ـــــ ـــــــ ـــــــــ ـــــ ـــــ ـــــ ـــــــ ـــــ ـــــــ ـــــ ـــــــــ ـــــ ـــــــ ـــــ ـــ ـــــــ ـــــ ـــــــ ـــــــــ ـــــ ـــــ ـــــ ـــــــ ـــــ ـــــــ ـــــ ـــــــــ ـــــ ـــــــ ـــــ ـــ ـــــــ ـــــ ـــــــ ـــــــــ ـــــ ـــــ ـــــ ـــــــ ـــــ ـــــــ ـــــ ـــــــــ ـــــ ـــــــ ـــــ ـــ ـــــــ ـــــ ـــــــ ـــــــــ ـــــ ـــــ ـــــ ـــــــ ـــــ ـــــــ ـــــ ـــــــــ ـــــ ـــــــ ـــــ ـــ ـــــــ ـــــ ـــــــ ـــــــــ ـــــ ـــــ ـــــ ـــــــ ـــــ ـــــــ ـــــ ـــــــــ ـــــ ـــــــ ـــــ ـــ ـــــــ ـــــ ـــــــ ـــــــــ ـــــ ـــــ ـــــ ـــــــ ـــــ ـــــــ ـــــ ـــــــــ ـــــ ـــــــ ـــــ ـــ ـــــــ ـــــ ـــــــ
12	سیاست
ـــــ ـــــــ ـــــ ـــــــــ ـــــ ـــــــ ـــــ ـــ ـــــــ ـــــ ـــــــ ـــــــــ ـــــ ـــــ ـــــ ـــــــ ـــــ ـــــــ ـــــ ـــــــــ ـــــ ـــــــ ـــــ ـــ ـــــــ ـــــ ـــــــ ـــــــــ ـــــ ـــــ ـــــ ـــــــ ـــــ ـــــــ ـــــ ـــــــــ ـــــ ـــــــ ـــــ ـــ ـــــــ ـــــ ـــــــ ـــــــــ ـــــ ـــــ ـــــ ـــــــ ـــــ ـــــــ ـــــ ـــــــــ ـــــ ـــــــ ـــــ ـــ ـــــــ ـــــ ـــــــ ـــــــــ ـــــ ـــــ ـــــ ـــــــ ـــــ ـــــــ ـــــ ـــــــــ ـــــ ـــــــ ـــــ ـــ ـــــــ ـــــ ـــــــ ـــــــــ ـــــ ـــــ ـــــ ـــــــ ـــــ ـــــــ ـــــ ـــــــــ ـــــ ـــــــ ـــــ ـــ ـــــــ ـــــ ـــــــ ـــــــــ ـــــ ـــــ ـــــ ـــــــ ـــــ ـــــــ ـــــ ـــــــــ ـــــ ـــــــ ـــــ ـــ ـــــــ ـــــ ـــــــ ـــــــــ ـــــ ـــــ ـــــ ـــــــ ـــــ ـــــــ ـــــ ـــــــــ ـــــ ـــــــ ـــــ ـــ ـــــــ ـــــ ـــــــ ـــــــــ ـــــ ـــــ ـــــ ـــــــ ـــــ ـــــــ ـــــ ـــــــــ ـــــ ـــــــ ـــــ ـــ ـــــــ ـــــ ـــــــ ـــــــــ ـــــ ـــــ ـــــ ـــــــ ـــــ ـــــــ ـــــ ـــــــــ ـــــ ـــــــ ـــــ ـــ ـــــــ ـــــ ـــــــ ـــــــــ ـــــ ـــــ ـــــ ـــــــ ـــــ ـــــــ ـــــ ـــــــــ ـــــ ـــــــ ـــــ ـــ ـــــــ ـــــ ـــــــ ـــــــــ ـــــ ـــــ ـــــ ـــــــ ـــــ ـــــــ ـــــ ـــــــــ ـــــ ـــــــ ـــــ ـــ ـــــــ ـــــ ـــــــ
13	سیاست
ـــــ ـــــــ ـــــ ـــــــــ ـــــ ـــــــ ـــــ ـــ ـــــــ ـــــ ـــــــ ـــــــــ ـــــ ـــــ ـــــ ـــــــ ـــــ ـــــــ ـــــ ـــــــــ ـــــ ـــــــ ـــــ ـــ ـــــــ ـــــ ـــــــ ـــــــــ ـــــ ـــــ ـــــ ـــــــ ـــــ ـــــــ ـــــ ـــــــــ ـــــ ـــــــ ـــــ ـــ ـــــــ ـــــ ـــــــ ـــــــــ ـــــ ـــــ ـــــ ـــــــ ـــــ ـــــــ ـــــ ـــــــــ ـــــ ـــــــ ـــــ ـــ ـــــــ ـــــ ـــــــ ـــــــــ ـــــ ـــــ ـــــ ـــــــ ـــــ ـــــــ ـــــ ـــــــــ ـــــ ـــــــ ـــــ ـــ ـــــــ ـــــ ـــــــ ـــــــــ ـــــ ـــــ ـــــ ـــــــ ـــــ ـــــــ ـــــ ـــــــــ ـــــ ـــــــ ـــــ ـــ ـــــــ ـــــ ـــــــ ـــــــــ ـــــ ـــــ ـــــ ـــــــ ـــــ ـــــــ ـــــ ـــــــــ ـــــ ـــــــ ـــــ ـــ ـــــــ ـــــ ـــــــ ـــــــــ ـــــ ـــــ ـــــ ـــــــ ـــــ ـــــــ ـــــ ـــــــــ ـــــ ـــــــ ـــــ ـــ ـــــــ ـــــ ـــــــ ـــــــــ ـــــ ـــــ ـــــ ـــــــ ـــــ ـــــــ ـــــ ـــــــــ ـــــ ـــــــ ـــــ ـــ ـــــــ ـــــ ـــــــ ـــــــــ ـــــ ـــــ ـــــ ـــــــ ـــــ ـــــــ ـــــ ـــــــــ ـــــ ـــــــ ـــــ ـــ ـــــــ ـــــ ـــــــ ـــــــــ ـــــ ـــــ ـــــ ـــــــ ـــــ ـــــــ ـــــ ـــــــــ ـــــ ـــــــ ـــــ ـــ ـــــــ ـــــ ـــــــ ـــــــــ ـــــ ـــــ ـــــ ـــــــ ـــــ ـــــــ ـــــ ـــــــــ ـــــ ـــــــ ـــــ ـــ ـــــــ ـــــ ـــــــ
14	سیاست
ـــــ ـــــــ ـــــ ـــــــــ ـــــ ـــــــ ـــــ ـــ ـــــــ ـــــ ـــــــ ـــــــــ ـــــ ـــــ ـــــ ـــــــ ـــــ ـــــــ ـــــ ـــــــــ ـــــ ـــــــ ـــــ ـــ ـــــــ ـــــ ـــــــ ـــــــــ ـــــ ـــــ ـــــ ـــــــ ـــــ ـــــــ ـــــ ـــــــــ ـــــ ـــــــ ـــــ ـــ ـــــــ ـــــ ـــــــ ـــــــــ ـــــ ـــــ ـــــ ـــــــ ـــــ ـــــــ ـــــ ـــــــــ ـــــ ـــــــ ـــــ ـــ ـــــــ ـــــ ـــــــ ـــــــــ ـــــ ـــــ ـــــ ـــــــ ـــــ ـــــــ ـــــ ـــــــــ ـــــ ـــــــ ـــــ ـــ ـــــــ ـــــ ـــــــ ـــــــــ ـــــ ـــــ ـــــ ـــــــ ـــــ ـــــــ ـــــ ـــــــــ ـــــ ـــــــ ـــــ ـــ ـــــــ ـــــ ـــــــ ـــــــــ ـــــ ـــــ ـــــ ـــــــ ـــــ ـــــــ ـــــ ـــــــــ ـــــ ـــــــ ـــــ ـــ ـــــــ ـــــ ـــــــ ـــــــــ ـــــ ـــــ ـــــ ـــــــ ـــــ ـــــــ ـــــ ـــــــــ ـــــ ـــــــ ـــــ ـــ ـــــــ ـــــ ـــــــ ـــــــــ ـــــ ـــــ ـــــ ـــــــ ـــــ ـــــــ ـــــ ـــــــــ ـــــ ـــــــ ـــــ ـــ ـــــــ ـــــ ـــــــ ـــــــــ ـــــ ـــــ ـــــ ـــــــ ـــــ ـــــــ ـــــ ـــــــــ ـــــ ـــــــ ـــــ ـــ ـــــــ ـــــ ـــــــ ـــــــــ ـــــ ـــــ ـــــ ـــــــ ـــــ ـــــــ ـــــ ـــــــــ ـــــ ـــــــ ـــــ ـــ ـــــــ ـــــ ـــــــ ـــــــــ ـــــ ـــــ ـــــ ـــــــ ـــــ ـــــــ ـــــ ـــــــــ ـــــ ـــــــ ـــــ ـــ ـــــــ ـــــ ـــــــ
15	سیاست
ـــــ ـــــــ ـــــ ـــــــــ ـــــ ـــــــ ـــــ ـــ ـــــــ ـــــ ـــــــ ـــــــــ ـــــ ـــــ ـــــ ـــــــ ـــــ ـــــــ ـــــ ـــــــــ ـــــ ـــــــ ـــــ ـــ ـــــــ ـــــ ـــــــ ـــــــــ ـــــ ـــــ ـــــ ـــــــ ـــــ ـــــــ ـــــ ـــــــــ ـــــ ـــــــ ـــــ ـــ ـــــــ ـــــ ـــــــ ـــــــــ ـــــ ـــــ ـــــ ـــــــ ـــــ ـــــــ ـــــ ـــــــــ ـــــ ـــــــ ـــــ ـــ ـــــــ ـــــ ـــــــ ـــــــــ ـــــ ـــــ ـــــ ـــــــ ـــــ ـــــــ ـــــ ـــــــــ ـــــ ـــــــ ـــــ ـــ ـــــــ ـــــ ـــــــ ـــــــــ ـــــ ـــــ ـــــ ـــــــ ـــــ ـــــــ ـــــ ـــــــــ ـــــ ـــــــ ـــــ ـــ ـــــــ ـــــ ـــــــ ـــــــــ ـــــ ـــــ ـــــ ـــــــ ـــــ ـــــــ ـــــ ـــــــــ ـــــ ـــــــ ـــــ ـــ ـــــــ ـــــ ـــــــ ـــــــــ ـــــ ـــــ ـــــ ـــــــ ـــــ ـــــــ ـــــ ـــــــــ ـــــ ـــــــ ـــــ ـــ ـــــــ ـــــ ـــــــ ـــــــــ ـــــ ـــــ ـــــ ـــــــ ـــــ ـــــــ ـــــ ـــــــــ ـــــ ـــــــ ـــــ ـــ ـــــــ ـــــ ـــــــ ـــــــــ ـــــ ـــــ ـــــ ـــــــ ـــــ ـــــــ ـــــ ـــــــــ ـــــ ـــــــ ـــــ ـــ ـــــــ ـــــ ـــــــ ـــــــــ ـــــ ـــــ ـــــ ـــــــ ـــــ ـــــــ ـــــ ـــــــــ ـــــ ـــــــ ـــــ ـــ ـــــــ ـــــ ـــــــ ـــــــــ ـــــ ـــــ ـــــ ـــــــ ـــــ ـــــــ ـــــ ـــــــــ ـــــ ـــــــ ـــــ ـــ ـــــــ ـــــ ـــــــ
16	سیاست
ـــــ ـــــــ ـــــ ـــــــــ ـــــ ـــــــ ـــــ ـــ ـــــــ ـــــ ـــــــ ـــــــــ ـــــ ـــــ ـــــ ـــــــ ـــــ ـــــــ ـــــ ـــــــــ ـــــ ـــــــ ـــــ ـــ ـــــــ ـــــ ـــــــ ـــــــــ ـــــ ـــــ ـــــ ـــــــ ـــــ ـــــــ ـــــ ـــــــــ ـــــ ـــــــ ـــــ ـــ ـــــــ ـــــ ـــــــ ـــــــــ ـــــ ـــــ ـــــ ـــــــ ـــــ ـــــــ ـــــ ـــــــــ ـــــ ـــــــ ـــــ ـــ ـــــــ ـــــ ـــــــ ـــــــــ ـــــ ـــــ ـــــ ـــــــ ـــــ ـــــــ ـــــ ـــــــــ ـــــ ـــــــ ـــــ ـــ ـــــــ ـــــ ـــــــ ـــــــــ ـــــ ـــــ ـــــ ـــــــ ـــــ ـــــــ ـــــ ـــــــــ ـــــ ـــــــ ـــــ ـــ ـــــــ ـــــ ـــــــ ـــــــــ ـــــ ـــــ ـــــ ـــــــ ـــــ ـــــــ ـــــ ـــــــــ ـــــ ـــــــ ـــــ ـــ ـــــــ ـــــ ـــــــ ـــــــــ ـــــ ـــــ ـــــ ـــــــ ـــــ ـــــــ ـــــ ـــــــــ ـــــ ـــــــ ـــــ ـــ ـــــــ ـــــ ـــــــ ـــــــــ ـــــ ـــــ ـــــ ـــــــ ـــــ ـــــــ ـــــ ـــــــــ ـــــ ـــــــ ـــــ ـــ ـــــــ ـــــ ـــــــ ـــــــــ ـــــ ـــــ ـــــ ـــــــ ـــــ ـــــــ ـــــ ـــــــــ ـــــ ـــــــ ـــــ ـــ ـــــــ ـــــ ـــــــ ـــــــــ ـــــ ـــــ ـــــ ـــــــ ـــــ ـــــــ ـــــ ـــــــــ ـــــ ـــــــ ـــــ ـــ ـــــــ ـــــ ـــــــ ـــــــــ ـــــ ـــــ ـــــ ـــــــ ـــــ ـــــــ ـــــ ـــــــــ ـــــ ـــــــ ـــــ ـــ ـــــــ ـــــ ـــــــ
17	سیاست
ـــــ ـــــــ ـــــ ـــــــــ ـــــ ـــــــ ـــــ ـــ ـــــــ ـــــ ـــــــ ـــــــــ ـــــ ـــــ ـــــ ـــــــ ـــــ ـــــــ ـــــ ـــــــــ ـــــ ـــــــ ـــــ ـــ ـــــــ ـــــ ـــــــ ـــــــــ ـــــ ـــــ ـــــ ـــــــ ـــــ ـــــــ ـــــ ـــــــــ ـــــ ـــــــ ـــــ ـــ ـــــــ ـــــ ـــــــ ـــــــــ ـــــ ـــــ ـــــ ـــــــ ـــــ ـــــــ ـــــ ـــــــــ ـــــ ـــــــ ـــــ ـــ ـــــــ ـــــ ـــــــ ـــــــــ ـــــ ـــــ ـــــ ـــــــ ـــــ ـــــــ ـــــ ـــــــــ ـــــ ـــــــ ـــــ ـــ ـــــــ ـــــ ـــــــ ـــــــــ ـــــ ـــــ ـــــ ـــــــ ـــــ ـــــــ ـــــ ـــــــــ ـــــ ـــــــ ـــــ ـــ ـــــــ ـــــ ـــــــ ـــــــــ ـــــ ـــــ ـــــ ـــــــ ـــــ ـــــــ ـــــ ـــــــــ ـــــ ـــــــ ـــــ ـــ ـــــــ ـــــ ـــــــ ـــــــــ ـــــ ـــــ ـــــ ـــــــ ـــــ ـــــــ ـــــ ـــــــــ ـــــ ـــــــ ـــــ ـــ ـــــــ ـــــ ـــــــ ـــــــــ ـــــ ـــــ ـــــ ـــــــ ـــــ ـــــــ ـــــ ـــــــــ ـــــ ـــــــ ـــــ ـــ ـــــــ ـــــ ـــــــ ـــــــــ ـــــ ـــــ ـــــ ـــــــ ـــــ ـــــــ ـــــ ـــــــــ ـــــ ـــــــ ـــــ ـــ ـــــــ ـــــ ـــــــ ـــــــــ ـــــ ـــــ ـــــ ـــــــ ـــــ ـــــــ ـــــ ـــــــــ ـــــ ـــــــ ـــــ ـــ ـــــــ ـــــ ـــــــ ـــــــــ ـــــ ـــــ ـــــ ـــــــ ـــــ ـــــــ ـــــ ـــــــــ ـــــ ـــــــ ـــــ ـــ ـــــــ ـــــ ـــــــ
18	سیاست
ـــــ ـــــــ ـــــ ـــــــــ ـــــ ـــــــ ـــــ ـــ ـــــــ ـــــ ـــــــ ـــــــــ ـــــ ـــــ ـــــ ـــــــ ـــــ ـــــــ ـــــ ـــــــــ ـــــ ـــــــ ـــــ ـــ ـــــــ ـــــ ـــــــ ـــــــــ ـــــ ـــــ ـــــ ـــــــ ـــــ ـــــــ ـــــ ـــــــــ ـــــ ـــــــ ـــــ ـــ ـــــــ ـــــ ـــــــ ـــــــــ ـــــ ـــــ ـــــ ـــــــ ـــــ ـــــــ ـــــ ـــــــــ ـــــ ـــــــ ـــــ ـــ ـــــــ ـــــ ـــــــ ـــــــــ ـــــ ـــــ ـــــ ـــــــ ـــــ ـــــــ ـــــ ـــــــــ ـــــ ـــــــ ـــــ ـــ ـــــــ ـــــ ـــــــ ـــــــــ ـــــ ـــــ ـــــ ـــــــ ـــــ ـــــــ ـــــ ـــــــــ ـــــ ـــــــ ـــــ ـــ ـــــــ ـــــ ـــــــ ـــــــــ ـــــ ـــــ ـــــ ـــــــ ـــــ ـــــــ ـــــ ـــــــــ ـــــ ـــــــ ـــــ ـــ ـــــــ ـــــ ـــــــ ـــــــــ ـــــ ـــــ ـــــ ـــــــ ـــــ ـــــــ ـــــ ـــــــــ ـــــ ـــــــ ـــــ ـــ ـــــــ ـــــ ـــــــ ـــــــــ ـــــ ـــــ ـــــ ـــــــ ـــــ ـــــــ ـــــ ـــــــــ ـــــ ـــــــ ـــــ ـــ ـــــــ ـــــ ـــــــ ـــــــــ ـــــ ـــــ ـــــ ـــــــ ـــــ ـــــــ ـــــ ـــــــــ ـــــ ـــــــ ـــــ ـــ ـــــــ ـــــ ـــــــ ـــــــــ ـــــ ـــــ ـــــ ـــــــ ـــــ ـــــــ ـــــ ـــــــــ ـــــ ـــــــ ـــــ ـــ ـــــــ ـــــ ـــــــ ـــــــــ ـــــ ـــــ ـــــ ـــــــ ـــــ ـــــــ ـــــ ـــــــــ ـــــ ـــــــ ـــــ ـــ ـــــــ ـــــ ـــــــ
ـــــ ـــــــ ـــــ ـــــــــ ـــــ ـــــــ ـــــ ـــ ـــــــ ـــــ ـــــــ ـــــــــ ـــــ ـــــ ـــــ ـــــــ ـــــ ـــــــ ـــــ ـــــــــ ـــــ ـــــــ ـــــ ـــ ـــــــ ـــــ ـــــــ ـــــــــ ـــــ ـــــ ـــــ ـــــــ ـــــ ـــــــ ـــــ ـــــــــ ـــــ ـــــــ ـــــ ـــ ـــــــ ـــــ ـــــــ ـــــــــ ـــــ ـــــ ـــــ ـــــــ ـــــ ـــــــ ـــــ ـــــــــ ـــــ ـــــــ ـــــ ـــ ـــــــ ـــــ ـــــــ ـــــــــ ـــــ ـــــ ـــــ ـــــــ ـــــ ـــــــ ـــــ
19	سیاست
ـــــ ـــــــ ـــــ ـــــــــ ـــــ ـــــــ ـــــ ـــ ـــــــ ـــــ ـــــــ ـــــــــ ـــــ ـــــ ـــــ ـــــــ ـــــ ـــــــ ـــــ ـــــــــ ـــــ ـــــــ ـــــ ـــ ـــــــ ـــــ ـــــــ ـــــــــ ـــــ ـــــ ـــــ ـــــــ ـــــ ـــــــ ـــــ ـــــــــ ـــــ ـــــــ ـــــ ـــ ـــــــ ـــــ ـــــــ ـــــــــ ـــــ ـــــ ـــــ ـــــــ ـــــ ـــــــ ـــــ ـــــــــ ـــــ ـــــــ ـــــ ـــ ـــــــ ـــــ ـــــــ ـــــــــ ـــــ ـــــ ـــــ ـــــــ ـــــ ـــــــ ـــــ
20	سیاست
ـــــ ـــــــ ـــــ ـــــــــ ـــــ ـــــــ ـــــ ـــ ـــــــ ـــــ ـــــــ ـــــــــ ـــــ ـــــ ـــــ ـــــــ ـــــ ـــــــ ـــــ ـــــــــ ـــــ ـــــــ ـــــ ـــ ـــــــ ـــــ ـــــــ ـــــــــ ـــــ ـــــ ـــــ ـــــــ ـــــ ـــــــ ـــــ ـــــــــ ـــــ ـــــــ ـــــ ـــ ـــــــ ـــــ ـــــــ ـــــــــ ـــــ ـــــ ـــــ ـــــــ ـــــ ـــــــ ـــــ ـــــــــ ـــــ ـــــــ ـــــ ـــ ـــــــ ـــــ ـــــــ ـــــــــ ـــــ ـــــ ـــــ ـــــــ ـــــ ـــــــ ـــــ
21	سیاست
ـــــ ـــــــ ـــــ ـــــــــ ـــــ ـــــــ ـــــ ـــ ـــــــ ـــــ ـــــــ ـــــــــ ـــــ ـــــ ـــــ ـــــــ ـــــ ـــــــ ـــــ ـــــــــ ـــــ ـــــــ ـــــ ـــ ـــــــ ـــــ ـــــــ ـــــــــ ـــــ ـــــ ـــــ ـــــــ ـــــ ـــــــ ـــــ ـــــــــ ـــــ ـــــــ ـــــ ـــ ـــــــ ـــــ ـــــــ ـــــــــ ـــــ ـــــ ـــــ ـــــــ ـــــ ـــــــ ـــــ ـــــــــ ـــــ ـــــــ ـــــ ـــ ـــــــ ـــــ ـــــــ ـــــــــ ـــــ ـــــ ـــــ ـــــــ ـــــ ـــــــ ـــــ
22	سیاست
ـــــ ـــــــ ـــــ ـــــــــ ـــــ ـــــــ ـــــ ـــ ـــــــ ـــــ ـــــــ ـــــــــ ـــــ ـــــ ـــــ ـــــــ ـــــ ـــــــ ـــــ ـــــــــ ـــــ ـــــــ ـــــ ـــ ـــــــ ـــــ ـــــــ ـــــــــ ـــــ ـــــ ـــــ ـــــــ ـــــ ـــــــ ـــــ ـــــــــ ـــــ ـــــــ ـــــ ـــ ـــــــ ـــــ ـــــــ ـــــــــ ـــــ ـــــ ـــــ ـــــــ ـــــ ـــــــ ـــــ ـــــــــ ـــــ ـــــــ ـــــ ـــ ـــــــ ـــــ ـــــــ ـــــــــ ـــــ ـــــ ـــــ ـــــــ ـــــ ـــــــ ـــــ
23	سیاست
ـــــ ـــــــ ـــــ ـــــــــ ـــــ ـــــــ ـــــ ـــ ـــــــ ـــــ ـــــــ ـــــــــ ـــــ ـــــ ـــــ ـــــــ ـــــ ـــــــ ـــــ ـــــــــ ـــــ ـــــــ ـــــ ـــ ـــــــ ـــــ ـــــــ ـــــــــ ـــــ ـــــ ـــــ ـــــــ ـــــ ـــــــ ـــــ ـــــــــ ـــــ ـــــــ ـــــ ـــ ـــــــ ـــــ ـــــــ ـــــــــ ـــــ ـــــ ـــــ ـــــــ ـــــ ـــــــ ـــــ ـــــــــ ـــــ ـــــــ ـــــ ـــ ـــــــ ـــــ ـــــــ ـــــــــ ـــــ ـــــ ـــــ ـــــــ ـــــ ـــــــ ـــــ
24	سیاست
ـــــ ـــــــ ـــــ ـــــــــ ـــــ ـــــــ ـــــ ـــ ـــــــ ـــــ ـــــــ ـــــــــ ـــــ ـــــ ـــــ ـــــــ ـــــ ـــــــ ـــــ ـــــــــ ـــــ ـــــــ ـــــ ـــ ـــــــ ـــــ ـــــــ ـــــــــ ـــــ ـــــ ـــــ ـــــــ ـــــ ـــــــ ـــــ ـــــــــ ـــــ ـــــــ ـــــ ـــ ـــــــ ـــــ ـــــــ ـــــــــ ـــــ ـــــ ـــــ ـــــــ ـــــ ـــــــ ـــــ ـــــــــ ـــــ ـــــــ ـــــ ـــ ـــــــ ـــــ ـــــــ ـــــــــ ـــــ ـــــ ـــــ ـــــــ ـــــ ـــــــ ـــــ
25	سیاست
ـــــ ـــــــ ـــــ ـــــــــ ـــــ ـــــــ ـــــ ـــ ـــــــ ـــــ ـــــــ ـــــــــ ـــــ ـــــ ـــــ ـــــــ ـــــ ـــــــ ـــــ ـــــــــ ـــــ ـــــــ ـــــ ـــ ـــــــ ـــــ ـــــــ ـــــــــ ـــــ ـــــ ـــــ ـــــــ ـــــ ـــــــ ـــــ ـــــــــ ـــــ ـــــــ ـــــ ـــ ـــــــ ـــــ ـــــــ ـــــــــ ـــــ ـــــ ـــــ ـــــــ ـــــ ـــــــ ـــــ ـــــــــ ـــــ ـــــــ ـــــ ـــ ـــــــ ـــــ ـــــــ ـــــــــ ـــــ ـــــ ـــــ ـــــــ ـــــ ـــــــ ـــــ
26	سیاست
ـــــ ـــــــ ـــــ ـــــــــ ـــــ ـــــــ ـــــ ـــ ـــــــ ـــــ ـــــــ ـــــــــ ـــــ ـــــ ـــــ ـــــــ ـــــ ـــــــ ـــــ ـــــــــ ـــــ ـــــــ ـــــ ـــ ـــــــ ـــــ ـــــــ ـــــــــ ـــــ ـــــ ـــــ ـــــــ ـــــ ـــــــ ـــــ ـــــــــ ـــــ ـــــــ ـــــ ـــ ـــــــ ـــــ ـــــــ ـــــــــ ـــــ ـــــ ـــــ ـــــــ ـــــ ـــــــ ـــــ ـــــــــ ـــــ ـــــــ ـــــ ـــ ـــــــ ـــــ ـــــــ ـــــــــ ـــــ ـــــ ـــــ ـــــــ ـــــ ـــــــ ـــــ
27	سیاست
ـــــ ـــــــ ـــــ ـــــــــ ـــــ ـــــــ ـــــ ـــ ـــــــ ـــــ ـــــــ ـــــــــ ـــــ ـــــ ـــــ ـــــــ ـــــ ـــــــ ـــــ ـــــــــ ـــــ ـــــــ ـــــ ـــ ـــــــ ـــــ ـــــــ ـــــــــ ـــــ ـــــ ـــــ ـــــــ ـــــ ـــــــ ـــــ ـــــــــ ـــــ ـــــــ ـــــ ـــ ـــــــ ـــــ ـــــــ ـــــــــ ـــــ ـــــ ـــــ ـــــــ ـــــ ـــــــ ـــــ ـــــــــ ـــــ ـــــــ ـــــ ـــ ـــــــ ـــــ ـــــــ ـــــــــ ـــــ ـــــ ـــــ ـــــــ ـــــ ـــــــ ـــــ
28	سیاست
ـــــ ـــــــ ـــــ ـــــــــ ـــــ ـــــــ ـــــ ـــ ـــــــ ـــــ ـــــــ ـــــــــ ـــــ ـــــ ـــــ ـــــــ ـــــ ـــــــ ـــــ ـــــــــ ـــــ ـــــــ ـــــ ـــ ـــــــ ـــــ ـــــــ ـــــــــ ـــــ ـــــ ـــــ ـــــــ ـــــ ـــــــ ـــــ ـــــــــ ـــــ ـــــــ ـــــ ـــ ـــــــ ـــــ ـــــــ ـــــــــ ـــــ ـــــ ـــــ ـــــــ ـــــ ـــــــ ـــــ ـــــــــ ـــــ ـــــــ ـــــ ـــ ـــــــ ـــــ ـــــــ ـــــــــ ـــــ ـــــ ـــــ ـــــــ ـــــ ـــــــ ـــــ
29	سیاست
ـــــ ـــــــ ـــــ ـــــــــ ـــــ ـــــــ ـــــ ـــ ـــــــ ـــــ ـــــــ ـــــــــ ـــــ ـــــ ـــــ ـــــــ ـــــ ـــــــ ـــــ ـــــــــ ـــــ ـــــــ ـــــ ـــ ـــــــ ـــــ ـــــــ ـــــــــ ـــــ ـــــ ـــــ ـــــــ ـــــ ـــــــ ـــــ ـــــــــ ـــــ ـــــــ ـــــ ـــ ـــــــ ـــــ ـــــــ ـــــــــ ـــــ ـــــ ـــــ ـــــــ ـــــ ـــــــ ـــــ ـــــــــ ـــــ ـــــــ ـــــ ـــ ـــــــ ـــــ ـــــــ ـــــــــ ـــــ ـــــ ـــــ ـــــــ ـــــ ـــــــ ـــــ
30	سیاست
ـــــ ـــــــ ـــــ ـــــــــ ـــــ ـــــــ ـــــ ـــ ـــــــ ـــــ ـــــــ ـــــــــ ـــــ ـــــ ـــــ ـــــــ ـــــ ـــــــ ـــــ ـــــــــ ـــــ ـــــــ ـــــ ـــ ـــــــ ـــــ ـــــــ ـــــــــ ـــــ ـــــ ـــــ ـــــــ ـــــ ـــــــ ـــــ ـــــــــ ـــــ ـــــــ ـــــ ـــ ـــــــ ـــــ ـــــــ ـــــــــ ـــــ ـــــ ـــــ ـــــــ ـــــ ـــــــ ـــــ ـــــــــ ـــــ ـــــــ ـــــ ـــ ـــــــ ـــــ ـــــــ ـــــــــ ـــــ ـــــ ـــــ ـــــــ ـــــ ـــــــ ـــــ
31	سیاست
ـــــ ـــــــ ـــــ ـــــــــ ـــــ ـــــــ ـــــ ـــ ـــــــ ـــــ ـــــــ ـــــــــ ـــــ ـــــ ـــــ ـــــــ ـــــ ـــــــ ـــــ ـــــــــ ـــــ ـــــــ ـــــ ـــ ـــــــ ـــــ ـــــــ ـــــــــ ـــــ ـــــ ـــــ ـــــــ ـــــ ـــــــ ـــــ ـــــــــ ـــــ ـــــــ ـــــ ـــ ـــــــ ـــــ ـــــــ ـــــــــ ـــــ ـــــ ـــــ ـــــــ ـــــ ـــــــ ـــــ ـــــــــ ـــــ ـــــــ ـــــ ـــ ـــــــ ـــــ ـــــــ ـــــــــ ـــــ ـــــ ـــــ ـــــــ ـــــ ـــــــ ـــــ
32	سیاست
ـــــ ـــــــ ـــــ ـــــــــ ـــــ ـــــــ ـــــ ـــ ـــــــ ـــــ ـــــــ ـــــــــ ـــــ ـــــ ـــــ ـــــــ ـــــ ـــــــ ـــــ ـــــــــ ـــــ ـــــــ ـــــ ـــ ـــــــ ـــــ ـــــــ ـــــــــ ـــــ ـــــ ـــــ ـــــــ ـــــ ـــــــ ـــــ ـــــــــ ـــــ ـــــــ ـــــ ـــ ـــــــ ـــــ ـــــــ ـــــــــ ـــــ ـــــ ـــــ ـــــــ ـــــ ـــــــ ـــــ ـــــــــ ـــــ ـــــــ ـــــ ـــ ـــــــ ـــــ ـــــــ ـــــــــ ـــــ ـــــ ـــــ ـــــــ ـــــ ـــــــ ـــــ
33	سیاست
ـــــ ـــــــ ـــــ ـــــــــ ـــــ ـــــــ ـــــ ـــ ـــــــ ـــــ ـــــــ ـــــــــ ـــــ ـــــ ـــــ ـــــــ ـــــ ـــــــ ـــــ ـــــــــ ـــــ ـــــــ ـــــ ـــ ـــــــ ـــــ ـــــــ ـــــــــ ـــــ ـــــ ـــــ ـــــــ ـــــ ـــــــ ـــــ ـــــــــ ـــــ ـــــــ ـــــ ـــ ـــــــ ـــــ ـــــــ ـــــــــ ـــــ ـــــ ـــــ ـــــــ ـــــ ـــــــ ـــــ ـــــــــ ـــــ ـــــــ ـــــ ـــ ـــــــ ـــــ ـــــــ ـــــــــ ـــــ ـــــ ـــــ ـــــــ ـــــ ـــــــ ـــــ
34	سیاست
ـــــ ـــــــ ـــــ ـــــــــ ـــــ ـــــــ ـــــ ـــ ـــــــ ـــــ ـــــــ ـــــــــ ـــــ ـــــ ـــــ ـــــــ ـــــ ـــــــ ـــــ ـــــــــ ـــــ ـــــــ ـــــ ـــ ـــــــ ـــــ ـــــــ ـــــــــ ـــــ ـــــ ـــــ ـــــــ ـــــ ـــــــ ـــــ ـــــــــ ـــــ ـــــــ ـــــ ـــ ـــــــ ـــــ ـــــــ ـــــــــ ـــــ ـــــ ـــــ ـــــــ ـــــ ـــــــ ـــــ ـــــــــ ـــــ ـــــــ ـــــ ـــ ـــــــ ـــــ ـــــــ ـــــــــ ـــــ ـــــ ـــــ ـــــــ ـــــ ـــــــ ـــــ
35	سیاست
ـــــ ـــــــ ـــــ ـــــــــ ـــــ ـــــــ ـــــ ـــ ـــــــ ـــــ ـــــــ ـــــــــ ـــــ ـــــ ـــــ ـــــــ ـــــ ـــــــ ـــــ ـــــــــ ـــــ ـــــــ ـــــ ـــ ـــــــ ـــــ ـــــــ ـــــــــ ـــــ ـــــ ـــــ ـــــــ ـــــ ـــــــ ـــــ ـــــــــ ـــــ ـــــــ ـــــ ـــ ـــــــ ـــــ ـــــــ ـــــــــ ـــــ ـــــ ـــــ ـــــــ ـــــ ـــــــ ـــــ ـــــــــ ـــــ ـــــــ ـــــ ـــ ـــــــ ـــــ ـــــــ ـــــــــ ـــــ ـــــ ـــــ ـــــــ ـــــ ـــــــ ـــــ
36	سیاست
ـــــ ـــــــ ـــــ ـــــــــ ـــــ ـــــــ ـــــ ـــ ـــــــ ـــــ ـــــــ ـــــــــ ـــــ ـــــ ـــــ ـــــــ ـــــ ـــــــ ـــــ ـــــــــ ـــــ ـــــــ ـــــ ـــ ـــــــ ـــــ ـــــــ ـــــــــ ـــــ ـــــ ـــــ ـــــــ ـــــ ـــــــ ـــــ ـــــــــ ـــــ ـــــــ ـــــ ـــ ـــــــ ـــــ ـــــــ ـــــــــ ـــــ ـــــ ـــــ ـــــــ ـــــ ـــــــ ـــــ ـــــــــ ـــــ ـــــــ ـــــ ـــ ـــــــ ـــــ ـــــــ ـــــــــ ـــــ ـــــ ـــــ ـــــــ ـــــ ـــــــ ـــــ
ـــــ ـــــــ ـــــ ـــــــــ ـــــ ـــــــ ـــــ ـــ ـــــــ ـــــ ـــــــ ـــــــــ ـــــ ـــــ ـــــ ـــــــ ـــــ ـــــــ ـــــ ـــــــــ ـــــ ـــــــ ـــــ ـــ ـــــــ ـــــ ـــــــ ـــــــــ ـــــ ـــــ ـــــ ـــــــ ـــــ ـــــــ ـــــ ـــــــــ ـــــ ـــــــ ـــــ ـــ ـــــــ ـــــ ـــــــ ـــــــــ ـــــ ـــــ ـــــ ـــــــ ـــــ ـــــــ ـــــ ـــــــــ ـــــ ـــــــ ـــــ ـــ ـــــــ ـــــ ـــــــ ـــــــــ ـــــ ـــــ ـــــ ـــــــ ـــــ ـــــــ ـــــ ـــــــــ ـــــ ـــــــ ـــــ ـــ ـــــــ ـــــ ـــــــ ـــــــــ ـــــ ـــــ ـــــ ـــــــ ـــــ ـــــــ ـــــ ـــــــــ ـــــ ـــــــ ـــــ ـــ ـــــــ ـــــ ـــــــ ـــــــــ ـــــ ـــــ ـــــ ـــــــ ـــــ ـــــــ ـــــ ـــــــــ ـــــ ـــــــ ـــــ ـــ ـــــــ ـــــ ـــــــ ـــــــــ ـــــ ـــــ ـــــ ـــــــ ـــــ ـــــــ ـــــ ـــــــــ ـــــ ـــــــ ـــــ ـــ ـــــــ ـــــ ـــــــ ـــــــــ ـــــ ـــــ ـــــ ـــــــ ـــــ ـــــــ ـــــ ـــــــــ ـــــ ـــــــ ـــــ ـــ ـــــــ ـــــ ـــــــ ـــــــــ ـــــ ـــــ ـــــ ـــــــ ـــــ ـــــــ ـــــ ـــــــــ ـــــ ـــــــ ـــــ ـــ ـــــــ ـــــ ـــــــ ـــــــــ ـــــ ـــــ ـــــ ـــــــ ـــــ ـــــــ ـــــ
37	سیاست
ـــــ ـــــــ ـــــ ـــــــــ ـــــ ـــــــ ـــــ ـــ ـــــــ ـــــ ـــــــ ـــــــــ ـــــ ـــــ ـــــ ـــــــ ـــــ ـــــــ ـــــ ـــــــــ ـــــ ـــــــ ـــــ ـــ ـــــــ ـــــ ـــــــ ـــــــــ ـــــ ـــــ ـــــ ـــــــ ـــــ ـــــــ ـــــ ـــــــــ ـــــ ـــــــ ـــــ ـــ ـــــــ ـــــ ـــــــ ـــــــــ ـــــ ـــــ ـــــ ـــــــ ـــــ ـــــــ ـــــ ـــــــــ ـــــ ـــــــ ـــــ ـــ ـــــــ ـــــ ـــــــ ـــــــــ ـــــ ـــــ ـــــ ـــــــ ـــــ ـــــــ ـــــ ـــــــــ ـــــ ـــــــ ـــــ ـــ ـــــــ ـــــ ـــــــ ـــــــــ ـــــ ـــــ ـــــ ـــــــ ـــــ ـــــــ ـــــ ـــــــــ ـــــ ـــــــ ـــــ ـــ ـــــــ ـــــ ـــــــ ـــــــــ ـــــ ـــــ ـــــ ـــــــ ـــــ ـــــــ ـــــ ـــــــــ ـــــ ـــــــ ـــــ ـــ ـــــــ ـــــ ـــــــ ـــــــــ ـــــ ـــــ ـــــ ـــــــ ـــــ ـــــــ ـــــ ـــــــــ ـــــ ـــــــ ـــــ ـــ ـــــــ ـــــ ـــــــ ـــــــــ ـــــ ـــــ ـــــ ـــــــ ـــــ ـــــــ ـــــ ـــــــــ ـــــ ـــــــ ـــــ ـــ ـــــــ ـــــ ـــــــ ـــــــــ ـــــ ـــــ ـــــ ـــــــ ـــــ ـــــــ ـــــ ـــــــــ ـــــ ـــــــ ـــــ ـــ ـــــــ ـــــ ـــــــ ـــــــــ ـــــ ـــــ ـــــ ـــــــ ـــــ ـــــــ ـــــ
38	سیاست
ـــــ ـــــــ ـــــ ـــــــــ ـــــ ـــــــ ـــــ ـــ ـــــــ ـــــ ـــــــ ـــــــــ ـــــ ـــــ ـــــ ـــــــ ـــــ ـــــــ ـــــ ـــــــــ ـــــ ـــــــ ـــــ ـــ ـــــــ ـــــ ـــــــ ـــــــــ ـــــ ـــــ ـــــ ـــــــ ـــــ ـــــــ ـــــ ـــــــــ ـــــ ـــــــ ـــــ ـــ ـــــــ ـــــ ـــــــ ـــــــــ ـــــ ـــــ ـــــ ـــــــ ـــــ ـــــــ ـــــ ـــــــــ ـــــ ـــــــ ـــــ ـــ ـــــــ ـــــ ـــــــ ـــــــــ ـــــ ـــــ ـــــ ـــــــ ـــــ ـــــــ ـــــ ـــــــــ ـــــ ـــــــ ـــــ ـــ ـــــــ ـــــ ـــــــ ـــــــــ ـــــ ـــــ ـــــ ـــــــ ـــــ ـــــــ ـــــ ـــــــــ ـــــ ـــــــ ـــــ ـــ ـــــــ ـــــ ـــــــ ـــــــــ ـــــ ـــــ ـــــ ـــــــ ـــــ ـــــــ ـــــ ـــــــــ ـــــ ـــــــ ـــــ ـــ ـــــــ ـــــ ـــــــ ـــــــــ ـــــ ـــــ ـــــ ـــــــ ـــــ ـــــــ ـــــ ـــــــــ ـــــ ـــــــ ـــــ ـــ ـــــــ ـــــ ـــــــ ـــــــــ ـــــ ـــــ ـــــ ـــــــ ـــــ ـــــــ ـــــ ـــــــــ ـــــ ـــــــ ـــــ ـــ ـــــــ ـــــ ـــــــ ـــــــــ ـــــ ـــــ ـــــ ـــــــ ـــــ ـــــــ ـــــ ـــــــــ ـــــ ـــــــ ـــــ ـــ ـــــــ ـــــ ـــــــ ـــــــــ ـــــ ـــــ ـــــ ـــــــ ـــــ ـــــــ ـــــ
39	سیاست
ـــــ ـــــــ ـــــ ـــــــــ ـــــ ـــــــ ـــــ ـــ ـــــــ ـــــ ـــــــ ـــــــــ ـــــ ـــــ ـــــ ـــــــ ـــــ ـــــــ ـــــ ـــــــــ ـــــ ـــــــ ـــــ ـــ ـــــــ ـــــ ـــــــ ـــــــــ ـــــ ـــــ ـــــ ـــــــ ـــــ ـــــــ ـــــ ـــــــــ ـــــ ـــــــ ـــــ ـــ ـــــــ ـــــ ـــــــ ـــــــــ ـــــ ـــــ ـــــ ـــــــ ـــــ ـــــــ ـــــ ـــــــــ ـــــ ـــــــ ـــــ ـــ ـــــــ ـــــ ـــــــ ـــــــــ ـــــ ـــــ ـــــ ـــــــ ـــــ ـــــــ ـــــ ـــــــــ ـــــ ـــــــ ـــــ ـــ ـــــــ ـــــ ـــــــ ـــــــــ ـــــ ـــــ ـــــ ـــــــ ـــــ ـــــــ ـــــ ـــــــــ ـــــ ـــــــ ـــــ ـــ ـــــــ ـــــ ـــــــ ـــــــــ ـــــ ـــــ ـــــ ـــــــ ـــــ ـــــــ ـــــ ـــــــــ ـــــ ـــــــ ـــــ ـــ ـــــــ ـــــ ـــــــ ـــــــــ ـــــ ـــــ ـــــ ـــــــ ـــــ ـــــــ ـــــ ـــــــــ ـــــ ـــــــ ـــــ ـــ ـــــــ ـــــ ـــــــ ـــــــــ ـــــ ـــــ ـــــ ـــــــ ـــــ ـــــــ ـــــ ـــــــــ ـــــ ـــــــ ـــــ ـــ ـــــــ ـــــ ـــــــ ـــــــــ ـــــ ـــــ ـــــ ـــــــ ـــــ ـــــــ ـــــ ـــــــــ ـــــ ـــــــ ـــــ ـــ ـــــــ ـــــ ـــــــ ـــــــــ ـــــ ـــــ ـــــ ـــــــ ـــــ ـــــــ ـــــ
40	سیاست
ـــــ ـــــــ ـــــ ـــــــــ ـــــ ـــــــ ـــــ ـــ ـــــــ ـــــ ـــــــ ـــــــــ ـــــ ـــــ ـــــ ـــــــ ـــــ ـــــــ ـــــ ـــــــــ ـــــ ـــــــ ـــــ ـــ ـــــــ ـــــ ـــــــ ـــــــــ ـــــ ـــــ ـــــ ـــــــ ـــــ ـــــــ ـــــ ـــــــــ ـــــ ـــــــ ـــــ ـــ ـــــــ ـــــ ـــــــ ـــــــــ ـــــ ـــــ ـــــ ـــــــ ـــــ ـــــــ ـــــ ـــــــــ ـــــ ـــــــ ـــــ ـــ ـــــــ ـــــ ـــــــ ـــــــــ ـــــ ـــــ ـــــ ـــــــ ـــــ ـــــــ ـــــ ـــــــــ ـــــ ـــــــ ـــــ ـــ ـــــــ ـــــ ـــــــ ـــــــــ ـــــ ـــــ ـــــ ـــــــ ـــــ ـــــــ ـــــ ـــــــــ ـــــ ـــــــ ـــــ ـــ ـــــــ ـــــ ـــــــ ـــــــــ ـــــ ـــــ ـــــ ـــــــ ـــــ ـــــــ ـــــ ـــــــــ ـــــ ـــــــ ـــــ ـــ ـــــــ ـــــ ـــــــ ـــــــــ ـــــ ـــــ ـــــ ـــــــ ـــــ ـــــــ ـــــ ـــــــــ ـــــ ـــــــ ـــــ ـــ ـــــــ ـــــ ـــــــ ـــــــــ ـــــ ـــــ ـــــ ـــــــ ـــــ ـــــــ ـــــ ـــــــــ ـــــ ـــــــ ـــــ ـــ ـــــــ ـــــ ـــــــ ـــــــــ ـــــ ـــــ ـــــ ـــــــ ـــــ ـــــــ ـــــ ـــــــــ ـــــ ـــــــ ـــــ ـــ ـــــــ ـــــ ـــــــ ـــــــــ ـــــ ـــــ ـــــ ـــــــ ـــــ ـــــــ ـــــ
41	سیاست
ـــــ ـــــــ ـــــ ـــــــــ ـــــ ـــــــ ـــــ ـــ ـــــــ ـــــ ـــــــ ـــــــــ ـــــ ـــــ ـــــ ـــــــ ـــــ ـــــــ ـــــ ـــــــــ ـــــ ـــــــ ـــــ ـــ ـــــــ ـــــ ـــــــ ـــــــــ ـــــ ـــــ ـــــ ـــــــ ـــــ ـــــــ ـــــ ـــــــــ ـــــ ـــــــ ـــــ ـــ ـــــــ ـــــ ـــــــ ـــــــــ ـــــ ـــــ ـــــ ـــــــ ـــــ ـــــــ ـــــ ـــــــــ ـــــ ـــــــ ـــــ ـــ ـــــــ ـــــ ـــــــ ـــــــــ ـــــ ـــــ ـــــ ـــــــ ـــــ ـــــــ ـــــ ـــــــــ ـــــ ـــــــ ـــــ ـــ ـــــــ ـــــ ـــــــ ـــــــــ ـــــ ـــــ ـــــ ـــــــ ـــــ ـــــــ ـــــ ـــــــــ ـــــ ـــــــ ـــــ ـــ ـــــــ ـــــ ـــــــ ـــــــــ ـــــ ـــــ ـــــ ـــــــ ـــــ ـــــــ ـــــ ـــــــــ ـــــ ـــــــ ـــــ ـــ ـــــــ ـــــ ـــــــ ـــــــــ ـــــ ـــــ ـــــ ـــــــ ـــــ ـــــــ ـــــ ـــــــــ ـــــ ـــــــ ـــــ ـــ ـــــــ ـــــ ـــــــ ـــــــــ ـــــ ـــــ ـــــ ـــــــ ـــــ ـــــــ ـــــ ـــــــــ ـــــ ـــــــ ـــــ ـــ ـــــــ ـــــ ـــــــ ـــــــــ ـــــ ـــــ ـــــ ـــــــ ـــــ ـــــــ ـــــ ـــــــــ ـــــ ـــــــ ـــــ ـــ ـــــــ ـــــ ـــــــ ـــــــــ ـــــ ـــــ ـــــ ـــــــ ـــــ ـــــــ ـــــ
42	سیاست
ـــــ ـــــــ ـــــ ـــــــــ ـــــ ـــــــ ـــــ ـــ ـــــــ ـــــ ـــــــ ـــــــــ ـــــ ـــــ ـــــ ـــــــ ـــــ ـــــــ ـــــ ـــــــــ ـــــ ـــــــ ـــــ ـــ ـــــــ ـــــ ـــــــ ـــــــــ ـــــ ـــــ ـــــ ـــــــ ـــــ ـــــــ ـــــ ـــــــــ ـــــ ـــــــ ـــــ ـــ ـــــــ ـــــ ـــــــ ـــــــــ ـــــ ـــــ ـــــ ـــــــ ـــــ ـــــــ ـــــ ـــــــــ ـــــ ـــــــ ـــــ ـــ ـــــــ ـــــ ـــــــ ـــــــــ ـــــ ـــــ ـــــ ـــــــ ـــــ ـــــــ ـــــ ـــــــــ ـــــ ـــــــ ـــــ ـــ ـــــــ ـــــ ـــــــ ـــــــــ ـــــ ـــــ ـــــ ـــــــ ـــــ ـــــــ ـــــ ـــــــــ ـــــ ـــــــ ـــــ ـــ ـــــــ ـــــ ـــــــ ـــــــــ ـــــ ـــــ ـــــ ـــــــ ـــــ ـــــــ ـــــ ـــــــــ ـــــ ـــــــ ـــــ ـــ ـــــــ ـــــ ـــــــ ـــــــــ ـــــ ـــــ ـــــ ـــــــ ـــــ ـــــــ ـــــ ـــــــــ ـــــ ـــــــ ـــــ ـــ ـــــــ ـــــ ـــــــ ـــــــــ ـــــ ـــــ ـــــ ـــــــ ـــــ ـــــــ ـــــ ـــــــــ ـــــ ـــــــ ـــــ ـــ ـــــــ ـــــ ـــــــ ـــــــــ ـــــ ـــــ ـــــ ـــــــ ـــــ ـــــــ ـــــ ـــــــــ ـــــ ـــــــ ـــــ ـــ ـــــــ ـــــ ـــــــ ـــــــــ ـــــ ـــــ ـــــ ـــــــ ـــــ ـــــــ ـــــ
43	سیاست
ـــــ ـــــــ ـــــ ـــــــــ ـــــ ـــــــ ـــــ ـــ ـــــــ ـــــ ـــــــ ـــــــــ ـــــ ـــــ ـــــ ـــــــ ـــــ ـــــــ ـــــ ـــــــــ ـــــ ـــــــ ـــــ ـــ ـــــــ ـــــ ـــــــ ـــــــــ ـــــ ـــــ ـــــ ـــــــ ـــــ ـــــــ ـــــ ـــــــــ ـــــ ـــــــ ـــــ ـــ ـــــــ ـــــ ـــــــ ـــــــــ ـــــ ـــــ ـــــ ـــــــ ـــــ ـــــــ ـــــ ـــــــــ ـــــ ـــــــ ـــــ ـــ ـــــــ ـــــ ـــــــ ـــــــــ ـــــ ـــــ ـــــ ـــــــ ـــــ ـــــــ ـــــ ـــــــــ ـــــ ـــــــ ـــــ ـــ ـــــــ ـــــ ـــــــ ـــــــــ ـــــ ـــــ ـــــ ـــــــ ـــــ ـــــــ ـــــ ـــــــــ ـــــ ـــــــ ـــــ ـــ ـــــــ ـــــ ـــــــ ـــــــــ ـــــ ـــــ ـــــ ـــــــ ـــــ ـــــــ ـــــ ـــــــــ ـــــ ـــــــ ـــــ ـــ ـــــــ ـــــ ـــــــ ـــــــــ ـــــ ـــــ ـــــ ـــــــ ـــــ ـــــــ ـــــ ـــــــــ ـــــ ـــــــ ـــــ ـــ ـــــــ ـــــ ـــــــ ـــــــــ ـــــ ـــــ ـــــ ـــــــ ـــــ ـــــــ ـــــ ـــــــــ ـــــ ـــــــ ـــــ ـــ ـــــــ ـــــ ـــــــ ـــــــــ ـــــ ـــــ ـــــ ـــــــ ـــــ ـــــــ ـــــ ـــــــــ ـــــ ـــــــ ـــــ ـــ ـــــــ ـــــ ـــــــ ـــــــــ ـــــ ـــــ ـــــ ـــــــ ـــــ ـــــــ ـــــ
44	سیاست
ـــــ ـــــــ ـــــ ـــــــــ ـــــ ـــــــ ـــــ ـــ ـــــــ ـــــ ـــــــ ـــــــــ ـــــ ـــــ ـــــ ـــــــ ـــــ ـــــــ ـــــ ـــــــــ ـــــ ـــــــ ـــــ ـــ ـــــــ ـــــ ـــــــ ـــــــــ ـــــ ـــــ ـــــ ـــــــ ـــــ ـــــــ ـــــ ـــــــــ ـــــ ـــــــ ـــــ ـــ ـــــــ ـــــ ـــــــ ـــــــــ ـــــ ـــــ ـــــ ـــــــ ـــــ ـــــــ ـــــ ـــــــــ ـــــ ـــــــ ـــــ ـــ ـــــــ ـــــ ـــــــ ـــــــــ ـــــ ـــــ ـــــ ـــــــ ـــــ ـــــــ ـــــ ـــــــــ ـــــ ـــــــ ـــــ ـــ ـــــــ ـــــ ـــــــ ـــــــــ ـــــ ـــــ ـــــ ـــــــ ـــــ ـــــــ ـــــ ـــــــــ ـــــ ـــــــ ـــــ ـــ ـــــــ ـــــ ـــــــ ـــــــــ ـــــ ـــــ ـــــ ـــــــ ـــــ ـــــــ ـــــ ـــــــــ ـــــ ـــــــ ـــــ ـــ ـــــــ ـــــ ـــــــ ـــــــــ ـــــ ـــــ ـــــ ـــــــ ـــــ ـــــــ ـــــ ـــــــــ ـــــ ـــــــ ـــــ ـــ ـــــــ ـــــ ـــــــ ـــــــــ ـــــ ـــــ ـــــ ـــــــ ـــــ ـــــــ ـــــ ـــــــــ ـــــ ـــــــ ـــــ ـــ ـــــــ ـــــ ـــــــ ـــــــــ ـــــ ـــــ ـــــ ـــــــ ـــــ ـــــــ ـــــ ـــــــــ ـــــ ـــــــ ـــــ ـــ ـــــــ ـــــ ـــــــ ـــــــــ ـــــ ـــــ ـــــ ـــــــ ـــــ ـــــــ ـــــ
ـــــ ـــــــ ـــــ ـــــــــ ـــــ ـــــــ ـــــ ـــ ـــــــ ـــــ ـــــــ ـــــــــ ـــــ ـــــ ـــــ ـــــــ ـــــ ـــــــ ـــــ ـــــــــ ـــــ ـــــــ ـــــ ـــ ـــــــ ـــــ ـــــــ ـــــــــ ـــــ ـــــ ـــــ ـــــــ ـــــ ـــــــ ـــــ ـــــــــ ـــــ ـــــــ ـــــ ـــ ـــــــ ـــــ ـــــــ ـــــــــ ـــــ ـــــ ـــــ ـــــــ ـــــ ـــــــ ـــــ ـــــــــ ـــــ ـــــــ ـــــ ـــ ـــــــ ـــــ ـــــــ ـــــــــ ـــــ ـــــ ـــــ ـــــــ ـــــ ـــــــ ـــــ ـــــــــ ـــــ ـــــــ ـــــ ـــ ـــــــ ـــــ ـــــــ ـــــــــ ـــــ ـــــ ـــــ ـــــــ ـــــ ـــــــ ـــــ
45	سیاست
ـــــ ـــــــ ـــــ ـــــــــ ـــــ ـــــــ ـــــ ـــ ـــــــ ـــــ ـــــــ ـــــــــ ـــــ ـــــ ـــــ ـــــــ ـــــ ـــــــ ـــــ ـــــــــ ـــــ ـــــــ ـــــ ـــ ـــــــ ـــــ ـــــــ ـــــــــ ـــــ ـــــ ـــــ ـــــــ ـــــ ـــــــ ـــــ ـــــــــ ـــــ ـــــــ ـــــ ـــ ـــــــ ـــــ ـــــــ ـــــــــ ـــــ ـــــ ـــــ ـــــــ ـــــ ـــــــ ـــــ ـــــــــ ـــــ ـــــــ ـــــ ـــ ـــــــ ـــــ ـــــــ ـــــــــ ـــــ ـــــ ـــــ ـــــــ ـــــ ـــــــ ـــــ ـــــــــ ـــــ ـــــــ ـــــ ـــ ـــــــ ـــــ ـــــــ ـــــــــ ـــــ ـــــ ـــــ ـــــــ ـــــ ـــــــ ـــــ
46	سیاست
ـــــ ـــــــ ـــــ ـــــــــ ـــــ ـــــــ ـــــ ـــ ـــــــ ـــــ ـــــــ ـــــــــ ـــــ ـــــ ـــــ ـــــــ ـــــ ـــــــ ـــــ ـــــــــ ـــــ ـــــــ ـــــ ـــ ـــــــ ـــــ ـــــــ ـــــــــ ـــــ ـــــ ـــــ ـــــــ ـــــ ـــــــ ـــــ ـــــــــ ـــــ ـــــــ ـــــ ـــ ـــــــ ـــــ ـــــــ ـــــــــ ـــــ ـــــ ـــــ ـــــــ ـــــ ـــــــ ـــــ ـــــــــ ـــــ ـــــــ ـــــ ـــ ـــــــ ـــــ ـــــــ ـــــــــ ـــــ ـــــ ـــــ ـــــــ ـــــ ـــــــ ـــــ ـــــــــ ـــــ ـــــــ ـــــ ـــ ـــــــ ـــــ ـــــــ ـــــــــ ـــــ ـــــ ـــــ ـــــــ ـــــ ـــــــ ـــــ
47	سیاست
ـــــ ـــــــ ـــــ ـــــــــ ـــــ ـــــــ ـــــ ـــ ـــــــ ـــــ ـــــــ ـــــــــ ـــــ ـــــ ـــــ ـــــــ ـــــ ـــــــ ـــــ ـــــــــ ـــــ ـــــــ ـــــ ـــ ـــــــ ـــــ ـــــــ ـــــــــ ـــــ ـــــ ـــــ ـــــــ ـــــ ـــــــ ـــــ ـــــــــ ـــــ ـــــــ ـــــ ـــ ـــــــ ـــــ ـــــــ ـــــــــ ـــــ ـــــ ـــــ ـــــــ ـــــ ـــــــ ـــــ ـــــــــ ـــــ ـــــــ ـــــ ـــ ـــــــ ـــــ ـــــــ ـــــــــ ـــــ ـــــ ـــــ ـــــــ ـــــ ـــــــ ـــــ ـــــــــ ـــــ ـــــــ ـــــ ـــ ـــــــ ـــــ ـــــــ ـــــــــ ـــــ ـــــ ـــــ ـــــــ ـــــ ـــــــ ـــــ
48	سیاست
ـــــ ـــــــ ـــــ ـــــــــ ـــــ ـــــــ ـــــ ـــ ـــــــ ـــــ ـــــــ ـــــــــ ـــــ ـــــ ـــــ ـــــــ ـــــ ـــــــ ـــــ ـــــــــ ـــــ ـــــــ ـــــ ـــ ـــــــ ـــــ ـــــــ ـــــــــ ـــــ ـــــ ـــــ ـــــــ ـــــ ـــــــ ـــــ ـــــــــ ـــــ ـــــــ ـــــ ـــ ـــــــ ـــــ ـــــــ ـــــــــ ـــــ ـــــ ـــــ ـــــــ ـــــ ـــــــ ـــــ ـــــــــ ـــــ ـــــــ ـــــ ـــ ـــــــ ـــــ ـــــــ ـــــــــ ـــــ ـــــ ـــــ ـــــــ ـــــ ـــــــ ـــــ ـــــــــ ـــــ ـــــــ ـــــ ـــ ـــــــ ـــــ ـــــــ ـــــــــ ـــــ ـــــ ـــــ ـــــــ ـــــ ـــــــ ـــــ
49	سیاست
ـــــ ـــــــ ـــــ ـــــــــ ـــــ ـــــــ ـــــ ـــ ـــــــ ـــــ ـــــــ ـــــــــ ـــــ ـــــ ـــــ ـــــــ ـــــ ـــــــ ـــــ ـــــــــ ـــــ ـــــــ ـــــ ـــ ـــــــ ـــــ ـــــــ ـــــــــ ـــــ ـــــ ـــــ ـــــــ ـــــ ـــــــ ـــــ ـــــــــ ـــــ ـــــــ ـــــ ـــ ـــــــ ـــــ ـــــــ ـــــــــ ـــــ ـــــ ـــــ ـــــــ ـــــ ـــــــ ـــــ ـــــــــ ـــــ ـــــــ ـــــ ـــ ـــــــ ـــــ ـــــــ ـــــــــ ـــــ ـــــ ـــــ ـــــــ ـــــ ـــــــ ـــــ ـــــــــ ـــــ ـــــــ ـــــ ـــ ـــــــ ـــــ ـــــــ ـــــــــ ـــــ ـــــ ـــــ ـــــــ ـــــ ـــــــ ـــــ
50	سیاست
ـــــ ـــــــ ـــــ ـــــــــ ـــــ ـــــــ ـــــ ـــ ـــــــ ـــــ ـــــــ ـــــــــ ـــــ ـــــ ـــــ ـــــــ ـــــ ـــــــ ـــــ ـــــــــ ـــــ ـــــــ ـــــ ـــ ـــــــ ـــــ ـــــــ ـــــــــ ـــــ ـــــ ـــــ ـــــــ ـــــ ـــــــ ـــــ ـــــــــ ـــــ ـــــــ ـــــ ـــ ـــــــ ـــــ ـــــــ ـــــــــ ـــــ ـــــ ـــــ ـــــــ ـــــ ـــــــ ـــــ ـــــــــ ـــــ ـــــــ ـــــ ـــ ـــــــ ـــــ ـــــــ ـــــــــ ـــــ ـــــ ـــــ ـــــــ ـــــ ـــــــ ـــــ ـــــــــ ـــــ ـــــــ ـــــ ـــ ـــــــ ـــــ ـــــــ ـــــــــ ـــــ ـــــ ـــــ ـــــــ ـــــ ـــــــ ـــــ
51	سیاست
ـــــ ـــــــ ـــــ ـــــــــ ـــــ ـــــــ ـــــ ـــ ـــــــ ـــــ ـــــــ ـــــــــ ـــــ ـــــ ـــــ ـــــــ ـــــ ـــــــ ـــــ ـــــــــ ـــــ ـــــــ ـــــ ـــ ـــــــ ـــــ ـــــــ ـــــــــ ـــــ ـــــ ـــــ ـــــــ ـــــ ـــــــ ـــــ ـــــــــ ـــــ ـــــــ ـــــ ـــ ـــــــ ـــــ ـــــــ ـــــــــ ـــــ ـــــ ـــــ ـــــــ ـــــ ـــــــ ـــــ ـــــــــ ـــــ ـــــــ ـــــ ـــ ـــــــ ـــــ ـــــــ ـــــــــ ـــــ ـــــ ـــــ ـــــــ ـــــ ـــــــ ـــــ ـــــــــ ـــــ ـــــــ ـــــ ـــ ـــــــ ـــــ ـــــــ ـــــــــ ـــــ ـــــ ـــــ ـــــــ ـــــ ـــــــ ـــــ
52	سیاست
ـــــ ـــــــ ـــــ ـــــــــ ـــــ ـــــــ ـــــ ـــ ـــــــ ـــــ ـــــــ ـــــــــ ـــــ ـــــ ـــــ ـــــــ ـــــ ـــــــ ـــــ ـــــــــ ـــــ ـــــــ ـــــ ـــ ـــــــ ـــــ ـــــــ ـــــــــ ـــــ ـــــ ـــــ ـــــــ ـــــ ـــــــ ـــــ ـــــــــ ـــــ ـــــــ ـــــ ـــ ـــــــ ـــــ ـــــــ ـــــــــ ـــــ ـــــ ـــــ ـــــــ ـــــ ـــــــ ـــــ ـــــــــ ـــــ ـــــــ ـــــ ـــ ـــــــ ـــــ ـــــــ ـــــــــ ـــــ ـــــ ـــــ ـــــــ ـــــ ـــــــ ـــــ ـــــــــ ـــــ ـــــــ ـــــ ـــ ـــــــ ـــــ ـــــــ ـــــــــ ـــــ ـــــ ـــــ ـــــــ ـــــ ـــــــ ـــــ
53	سیاست
ـــــ ـــــــ ـــــ ـــــــــ ـــــ ـــــــ ـــــ ـــ ـــــــ ـــــ ـــــــ ـــــــــ ـــــ ـــــ ـــــ ـــــــ ـــــ ـــــــ ـــــ ـــــــــ ـــــ ـــــــ ـــــ ـــ ـــــــ ـــــ ـــــــ ـــــــــ ـــــ ـــــ ـــــ ـــــــ ـــــ ـــــــ ـــــ ـــــــــ ـــــ ـــــــ ـــــ ـــ ـــــــ ـــــ ـــــــ ـــــــــ ـــــ ـــــ ـــــ ـــــــ ـــــ ـــــــ ـــــ ـــــــــ ـــــ ـــــــ ـــــ ـــ ـــــــ ـــــ ـــــــ ـــــــــ ـــــ ـــــ ـــــ ـــــــ ـــــ ـــــــ ـــــ ـــــــــ ـــــ ـــــــ ـــــ ـــ ـــــــ ـــــ ـــــــ ـــــــــ ـــــ ـــــ ـــــ ـــــــ ـــــ ـــــــ ـــــ
54	سیاست
ـــــ ـــــــ ـــــ ـــــــــ ـــــ ـــــــ ـــــ ـــ ـــــــ ـــــ ـــــــ ـــــــــ ـــــ ـــــ ـــــ ـــــــ ـــــ ـــــــ ـــــ ـــــــــ ـــــ ـــــــ ـــــ ـــ ـــــــ ـــــ ـــــــ ـــــــــ ـــــ ـــــ ـــــ ـــــــ ـــــ ـــــــ ـــــ ـــــــــ ـــــ ـــــــ ـــــ ـــ ـــــــ ـــــ ـــــــ ـــــــــ ـــــ ـــــ ـــــ ـــــــ ـــــ ـــــــ ـــــ ـــــــــ ـــــ ـــــــ ـــــ ـــ ـــــــ ـــــ ـــــــ ـــــــــ ـــــ ـــــ ـــــ ـــــــ ـــــ ـــــــ ـــــ ـــــــــ ـــــ ـــــــ ـــــ ـــ ـــــــ ـــــ ـــــــ ـــــــــ ـــــ ـــــ ـــــ ـــــــ ـــــ ـــــــ ـــــ
55	سیاست
ـــــ ـــــــ ـــــ ـــــــــ ـــــ ـــــــ ـــــ ـــ ـــــــ ـــــ ـــــــ ـــــــــ ـــــ ـــــ ـــــ ـــــــ ـــــ ـــــــ ـــــ ـــــــــ ـــــ ـــــــ ـــــ ـــ ـــــــ ـــــ ـــــــ ـــــــــ ـــــ ـــــ ـــــ ـــــــ ـــــ ـــــــ ـــــ ـــــــــ ـــــ ـــــــ ـــــ ـــ ـــــــ ـــــ ـــــــ ـــــــــ ـــــ ـــــ ـــــ ـــــــ ـــــ ـــــــ ـــــ ـــــــــ ـــــ ـــــــ ـــــ ـــ ـــــــ ـــــ ـــــــ ـــــــــ ـــــ ـــــ ـــــ ـــــــ ـــــ ـــــــ ـــــ ـــــــــ ـــــ ـــــــ ـــــ ـــ ـــــــ ـــــ ـــــــ ـــــــــ ـــــ ـــــ ـــــ ـــــــ ـــــ ـــــــ ـــــ
56	سیاست
ـــــ ـــــــ ـــــ ـــــــــ ـــــ ـــــــ ـــــ ـــ ـــــــ ـــــ ـــــــ ـــــــــ ـــــ ـــــ ـــــ ـــــــ ـــــ ـــــــ ـــــ ـــــــــ ـــــ ـــــــ ـــــ ـــ ـــــــ ـــــ ـــــــ ـــــــــ ـــــ ـــــ ـــــ ـــــــ ـــــ ـــــــ ـــــ ـــــــــ ـــــ ـــــــ ـــــ ـــ ـــــــ ـــــ ـــــــ ـــــــــ ـــــ ـــــ ـــــ ـــــــ ـــــ ـــــــ ـــــ ـــــــــ ـــــ ـــــــ ـــــ ـــ ـــــــ ـــــ ـــــــ ـــــــــ ـــــ ـــــ ـــــ ـــــــ ـــــ ـــــــ ـــــ ـــــــــ ـــــ ـــــــ ـــــ ـــ ـــــــ ـــــ ـــــــ ـــــــــ ـــــ ـــــ ـــــ ـــــــ ـــــ ـــــــ ـــــ
57	سیاست
ـــــ ـــــــ ـــــ ـــــــــ ـــــ ـــــــ ـــــ ـــ ـــــــ ـــــ ـــــــ ـــــــــ ـــــ ـــــ ـــــ ـــــــ ـــــ ـــــــ ـــــ ـــــــــ ـــــ ـــــــ ـــــ ـــ ـــــــ ـــــ ـــــــ ـــــــــ ـــــ ـــــ ـــــ ـــــــ ـــــ ـــــــ ـــــ ـــــــــ ـــــ ـــــــ ـــــ ـــ ـــــــ ـــــ ـــــــ ـــــــــ ـــــ ـــــ ـــــ ـــــــ ـــــ ـــــــ ـــــ ـــــــــ ـــــ ـــــــ ـــــ ـــ ـــــــ ـــــ ـــــــ ـــــــــ ـــــ ـــــ ـــــ ـــــــ ـــــ ـــــــ ـــــ ـــــــــ ـــــ ـــــــ ـــــ ـــ ـــــــ ـــــ ـــــــ ـــــــــ ـــــ ـــــ ـــــ ـــــــ ـــــ ـــــــ ـــــ
58	سیاست
ـــــ ـــــــ ـــــ ـــــــــ ـــــ ـــــــ ـــــ ـــ ـــــــ ـــــ ـــــــ ـــــــــ ـــــ ـــــ ـــــ ـــــــ ـــــ ـــــــ ـــــ ـــــــــ ـــــ ـــــــ ـــــ ـــ ـــــــ ـــــ ـــــــ ـــــــــ ـــــ ـــــ ـــــ ـــــــ ـــــ ـــــــ ـــــ ـــــــــ ـــــ ـــــــ ـــــ ـــ ـــــــ ـــــ ـــــــ ـــــــــ ـــــ ـــــ ـــــ ـــــــ ـــــ ـــــــ ـــــ ـــــــــ ـــــ ـــــــ ـــــ ـــ ـــــــ ـــــ ـــــــ ـــــــــ ـــــ ـــــ ـــــ ـــــــ ـــــ ـــــــ ـــــ ـــــــــ ـــــ ـــــــ ـــــ ـــ ـــــــ ـــــ ـــــــ ـــــــــ ـــــ ـــــ ـــــ ـــــــ ـــــ ـــــــ ـــــ
59	سیاست
ـــــ ـــــــ ـــــ ـــــــــ ـــــ ـــــــ ـــــ ـــ ـــــــ ـــــ ـــــــ ـــــــــ ـــــ ـــــ ـــــ ـــــــ ـــــ ـــــــ ـــــ ـــــــــ ـــــ ـــــــ ـــــ ـــ ـــــــ ـــــ ـــــــ ـــــــــ ـــــ ـــــ ـــــ ـــــــ ـــــ ـــــــ ـــــ ـــــــــ ـــــ ـــــــ ـــــ ـــ ـــــــ ـــــ ـــــــ ـــــــــ ـــــ ـــــ ـــــ ـــــــ ـــــ ـــــــ ـــــ ـــــــــ ـــــ ـــــــ ـــــ ـــ ـــــــ ـــــ ـــــــ ـــــــــ ـــــ ـــــ ـــــ ـــــــ ـــــ ـــــــ ـــــ ـــــــــ ـــــ ـــــــ ـــــ ـــ ـــــــ ـــــ ـــــــ ـــــــــ ـــــ ـــــ ـــــ ـــــــ ـــــ ـــــــ ـــــ
ـــــ ـــــــ ـــــ ـــــــــ ـــــ ـــــــ ـــــ ـــ ـــــــ ـــــ ـــــــ ـــــــــ ـــــ ـــــ ـــــ ـــــــ ـــــ ـــــــ ـــــ ـــــــــ ـــــ ـــــــ ـــــ ـــ ـــــــ ـــــ ـــــــ ـــــــــ ـــــ ـــــ ـــــ ـــــــ ـــــ ـــــــ ـــــ ـــــــــ ـــــ ـــــــ ـــــ ـــ ـــــــ ـــــ ـــــــ ـــــــــ ـــــ ـــــ ـــــ ـــــــ ـــــ ـــــــ ـــــ ـــــــــ ـــــ ـــــــ ـــــ ـــ ـــــــ ـــــ ـــــــ ـــــــــ ـــــ ـــــ ـــــ ـــــــ ـــــ ـــــــ ـــــ ـــــــــ ـــــ ـــــــ ـــــ ـــ ـــــــ ـــــ ـــــــ ـــــــــ ـــــ ـــــ ـــــ ـــــــ ـــــ ـــــــ ـــــ ـــــــــ ـــــ ـــــــ ـــــ ـــ ـــــــ ـــــ ـــــــ ـــــــــ ـــــ ـــــ ـــــ ـــــــ ـــــ ـــــــ ـــــ ـــــــــ ـــــ ـــــــ ـــــ ـــ ـــــــ ـــــ ـــــــ ـــــــــ ـــــ ـــــ ـــــ ـــــــ ـــــ ـــــــ ـــــ ـــــــــ ـــــ ـــــــ ـــــ ـــ ـــــــ ـــــ ـــــــ ـــــــــ ـــــ ـــــ ـــــ ـــــــ ـــــ ـــــــ ـــــ ـــــــــ ـــــ ـــــــ ـــــ ـــ ـــــــ ـــــ ـــــــ ـــــــــ ـــــ ـــــ ـــــ ـــــــ ـــــ ـــــــ ـــــ ـــــــــ ـــــ ـــــــ ـــــ ـــ ـــــــ ـــــ ـــــــ ـــــــــ ـــــ ـــــ ـــــ ـــــــ ـــــ ـــــــ ـــــ ـــــــــ ـــــ ـــــــ ـــــ ـــ ـــــــ ـــــ ـــــــ ـــــــــ ـــــ ـــــ ـــــ ـــــــ ـــــ ـــــــ ـــــ ـــــــــ ـــــ ـــــــ ـــــ ـــ ـــــــ ـــــ ـــــــ ـــــــــ ـــــ ـــــ ـــــ ـــــــ ـــــ ـــــــ ـــــ ـــــــــ ـــــ ـــــــ ـــــ ـــ ـــــــ ـــــ ـــــــ ـــــــــ ـــــ ـــــ ـــــ ـــــــ ـــــ ـــــــ ـــــ ـــــــــ ـــــ ـــــــ ـــــ ـــ ـــــــ ـــــ ـــــــ ـــــــــ ـــــ ـــــ ـــــ ـــــــ ـــــ ـــــــ ـــــ ـــــــــ ـــــ ـــــــ ـــــ ـــ ـــــــ ـــــ ـــــــ ـــــــــ ـــــ ـــــ ـــــ ـــــــ ـــــ ـــــــ ـــــ ـــــــــ ـــــ ـــــــ ـــــ ـــ ـــــــ ـــــ ـــــــ
60	سیاست
ـــــ ـــــــ ـــــ ـــــــــ ـــــ ـــــــ ـــــ ـــ ـــــــ ـــــ ـــــــ ـــــــــ ـــــ ـــــ ـــــ ـــــــ ـــــ ـــــــ ـــــ ـــــــــ ـــــ ـــــــ ـــــ ـــ ـــــــ ـــــ ـــــــ ـــــــــ ـــــ ـــــ ـــــ ـــــــ ـــــ ـــــــ ـــــ ـــــــــ ـــــ ـــــــ ـــــ ـــ ـــــــ ـــــ ـــــــ ـــــــــ ـــــ ـــــ ـــــ ـــــــ ـــــ ـــــــ ـــــ ـــــــــ ـــــ ـــــــ ـــــ ـــ ـــــــ ـــــ ـــــــ ـــــــــ ـــــ ـــــ ـــــ ـــــــ ـــــ ـــــــ ـــــ ـــــــــ ـــــ ـــــــ ـــــ ـــ ـــــــ ـــــ ـــــــ ـــــــــ ـــــ ـــــ ـــــ ـــــــ ـــــ ـــــــ ـــــ ـــــــــ ـــــ ـــــــ ـــــ ـــ ـــــــ ـــــ ـــــــ ـــــــــ ـــــ ـــــ ـــــ ـــــــ ـــــ ـــــــ ـــــ ـــــــــ ـــــ ـــــــ ـــــ ـــ ـــــــ ـــــ ـــــــ ـــــــــ ـــــ ـــــ ـــــ ـــــــ ـــــ ـــــــ ـــــ ـــــــــ ـــــ ـــــــ ـــــ ـــ ـــــــ ـــــ ـــــــ ـــــــــ ـــــ ـــــ ـــــ ـــــــ ـــــ ـــــــ ـــــ ـــــــــ ـــــ ـــــــ ـــــ ـــ ـــــــ ـــــ ـــــــ ـــــــــ ـــــ ـــــ ـــــ ـــــــ ـــــ ـــــــ ـــــ ـــــــــ ـــــ ـــــــ ـــــ ـــ ـــــــ ـــــ ـــــــ ـــــــــ ـــــ ـــــ ـــــ ـــــــ ـــــ ـــــــ ـــــ ـــــــــ ـــــ ـــــــ ـــــ ـــ ـــــــ ـــــ ـــــــ ـــــــــ ـــــ ـــــ ـــــ ـــــــ ـــــ ـــــــ ـــــ ـــــــــ ـــــ ـــــــ ـــــ ـــ ـــــــ ـــــ ـــــــ ـــــــــ ـــــ ـــــ ـــــ ـــــــ ـــــ ـــــــ ـــــ ـــــــــ ـــــ ـــــــ ـــــ ـــ ـــــــ ـــــ ـــــــ ـــــــــ ـــــ ـــــ ـــــ ـــــــ ـــــ ـــــــ ـــــ ـــــــــ ـــــ ـــــــ ـــــ ـــ ـــــــ ـــــ ـــــــ ـــــــــ ـــــ ـــــ ـــــ ـــــــ ـــــ ـــــــ ـــــ ـــــــــ ـــــ ـــــــ ـــــ ـــ ـــــــ ـــــ ـــــــ ـــــــــ ـــــ ـــــ ـــــ ـــــــ ـــــ ـــــــ ـــــ ـــــــــ ـــــ ـــــــ ـــــ ـــ ـــــــ ـــــ ـــــــ
61	سیاست
ـــــ ـــــــ ـــــ ـــــــــ ـــــ ـــــــ ـــــ ـــ ـــــــ ـــــ ـــــــ ـــــــــ ـــــ ـــــ ـــــ ـــــــ ـــــ ـــــــ ـــــ ـــــــــ ـــــ ـــــــ ـــــ ـــ ـــــــ ـــــ ـــــــ ـــــــــ ـــــ ـــــ ـــــ ـــــــ ـــــ ـــــــ ـــــ ـــــــــ ـــــ ـــــــ ـــــ ـــ ـــــــ ـــــ ـــــــ ـــــــــ ـــــ ـــــ ـــــ ـــــــ ـــــ ـــــــ ـــــ ـــــــــ ـــــ ـــــــ ـــــ ـــ ـــــــ ـــــ ـــــــ ـــــــــ ـــــ ـــــ ـــــ ـــــــ ـــــ ـــــــ ـــــ ـــــــــ ـــــ ـــــــ ـــــ ـــ ـــــــ ـــــ ـــــــ ـــــــــ ـــــ ـــــ ـــــ ـــــــ ـــــ ـــــــ ـــــ ـــــــــ ـــــ ـــــــ ـــــ ـــ ـــــــ ـــــ ـــــــ ـــــــــ ـــــ ـــــ ـــــ ـــــــ ـــــ ـــــــ ـــــ ـــــــــ ـــــ ـــــــ ـــــ ـــ ـــــــ ـــــ ـــــــ ـــــــــ ـــــ ـــــ ـــــ ـــــــ ـــــ ـــــــ ـــــ ـــــــــ ـــــ ـــــــ ـــــ ـــ ـــــــ ـــــ ـــــــ ـــــــــ ـــــ ـــــ ـــــ ـــــــ ـــــ ـــــــ ـــــ ـــــــــ ـــــ ـــــــ ـــــ ـــ ـــــــ ـــــ ـــــــ ـــــــــ ـــــ ـــــ ـــــ ـــــــ ـــــ ـــــــ ـــــ ـــــــــ ـــــ ـــــــ ـــــ ـــ ـــــــ ـــــ ـــــــ ـــــــــ ـــــ ـــــ ـــــ ـــــــ ـــــ ـــــــ ـــــ ـــــــــ ـــــ ـــــــ ـــــ ـــ ـــــــ ـــــ ـــــــ ـــــــــ ـــــ ـــــ ـــــ ـــــــ ـــــ ـــــــ ـــــ ـــــــــ ـــــ ـــــــ ـــــ ـــ ـــــــ ـــــ ـــــــ ـــــــــ ـــــ ـــــ ـــــ ـــــــ ـــــ ـــــــ ـــــ ـــــــــ ـــــ ـــــــ ـــــ ـــ ـــــــ ـــــ ـــــــ ـــــــــ ـــــ ـــــ ـــــ ـــــــ ـــــ ـــــــ ـــــ ـــــــــ ـــــ ـــــــ ـــــ ـــ ـــــــ ـــــ ـــــــ ـــــــــ ـــــ ـــــ ـــــ ـــــــ ـــــ ـــــــ ـــــ ـــــــــ ـــــ ـــــــ ـــــ ـــ ـــــــ ـــــ ـــــــ ـــــــــ ـــــ ـــــ ـــــ ـــــــ ـــــ ـــــــ ـــــ ـــــــــ ـــــ ـــــــ ـــــ ـــ ـــــــ ـــــ ـــــــ
62	سیاست
ـــــ ـــــــ ـــــ ـــــــــ ـــــ ـــــــ ـــــ ـــ ـــــــ ـــــ ـــــــ ـــــــــ ـــــ ـــــ ـــــ ـــــــ ـــــ ـــــــ ـــــ ـــــــــ ـــــ ـــــــ ـــــ ـــ ـــــــ ـــــ ـــــــ ـــــــــ ـــــ ـــــ ـــــ ـــــــ ـــــ ـــــــ ـــــ ـــــــــ ـــــ ـــــــ ـــــ ـــ ـــــــ ـــــ ـــــــ ـــــــــ ـــــ ـــــ ـــــ ـــــــ ـــــ ـــــــ ـــــ ـــــــــ ـــــ ـــــــ ـــــ ـــ ـــــــ ـــــ ـــــــ ـــــــــ ـــــ ـــــ ـــــ ـــــــ ـــــ ـــــــ ـــــ ـــــــــ ـــــ ـــــــ ـــــ ـــ ـــــــ ـــــ ـــــــ ـــــــــ ـــــ ـــــ ـــــ ـــــــ ـــــ ـــــــ ـــــ ـــــــــ ـــــ ـــــــ ـــــ ـــ ـــــــ ـــــ ـــــــ ـــــــــ ـــــ ـــــ ـــــ ـــــــ ـــــ ـــــــ ـــــ ـــــــــ ـــــ ـــــــ ـــــ ـــ ـــــــ ـــــ ـــــــ ـــــــــ ـــــ ـــــ ـــــ ـــــــ ـــــ ـــــــ ـــــ ـــــــــ ـــــ ـــــــ ـــــ ـــ ـــــــ ـــــ ـــــــ ـــــــــ ـــــ ـــــ ـــــ ـــــــ ـــــ ـــــــ ـــــ ـــــــــ ـــــ ـــــــ ـــــ ـــ ـــــــ ـــــ ـــــــ ـــــــــ ـــــ ـــــ ـــــ ـــــــ ـــــ ـــــــ ـــــ ـــــــــ ـــــ ـــــــ ـــــ ـــ ـــــــ ـــــ ـــــــ ـــــــــ ـــــ ـــــ ـــــ ـــــــ ـــــ ـــــــ ـــــ ـــــــــ ـــــ ـــــــ ـــــ ـــ ـــــــ ـــــ ـــــــ ـــــــــ ـــــ ـــــ ـــــ ـــــــ ـــــ ـــــــ ـــــ ـــــــــ ـــــ ـــــــ ـــــ ـــ ـــــــ ـــــ ـــــــ ـــــــــ ـــــ ـــــ ـــــ ـــــــ ـــــ ـــــــ ـــــ ـــــــــ ـــــ ـــــــ ـــــ ـــ ـــــــ ـــــ ـــــــ ـــــــــ ـــــ ـــــ ـــــ ـــــــ ـــــ ـــــــ ـــــ ـــــــــ ـــــ ـــــــ ـــــ ـــ ـــــــ ـــــ ـــــــ ـــــــــ ـــــ ـــــ ـــــ ـــــــ ـــــ ـــــــ ـــــ ـــــــــ ـــــ ـــــــ ـــــ ـــ ـــــــ ـــــ ـــــــ ـــــــــ ـــــ ـــــ ـــــ ـــــــ ـــــ ـــــــ ـــــ ـــــــــ ـــــ ـــــــ ـــــ ـــ ـــــــ ـــــ ـــــــ
63	سیاست
ـــــ ـــــــ ـــــ ـــــــــ ـــــ ـــــــ ـــــ ـــ ـــــــ ـــــ ـــــــ ـــــــــ ـــــ ـــــ ـــــ ـــــــ ـــــ ـــــــ ـــــ ـــــــــ ـــــ ـــــــ ـــــ ـــ ـــــــ ـــــ ـــــــ ـــــــــ ـــــ ـــــ ـــــ ـــــــ ـــــ ـــــــ ـــــ ـــــــــ ـــــ ـــــــ ـــــ ـــ ـــــــ ـــــ ـــــــ ـــــــــ ـــــ ـــــ ـــــ ـــــــ ـــــ ـــــــ ـــــ ـــــــــ ـــــ ـــــــ ـــــ ـــ ـــــــ ـــــ ـــــــ ـــــــــ ـــــ ـــــ ـــــ ـــــــ ـــــ ـــــــ ـــــ ـــــــــ ـــــ ـــــــ ـــــ ـــ ـــــــ ـــــ ـــــــ ـــــــــ ـــــ ـــــ ـــــ ـــــــ ـــــ ـــــــ ـــــ ـــــــــ ـــــ ـــــــ ـــــ ـــ ـــــــ ـــــ ـــــــ ـــــــــ ـــــ ـــــ ـــــ ـــــــ ـــــ ـــــــ ـــــ ـــــــــ ـــــ ـــــــ ـــــ ـــ ـــــــ ـــــ ـــــــ ـــــــــ ـــــ ـــــ ـــــ ـــــــ ـــــ ـــــــ ـــــ ـــــــــ ـــــ ـــــــ ـــــ ـــ ـــــــ ـــــ ـــــــ ـــــــــ ـــــ ـــــ ـــــ ـــــــ ـــــ ـــــــ ـــــ ـــــــــ ـــــ ـــــــ ـــــ ـــ ـــــــ ـــــ ـــــــ ـــــــــ ـــــ ـــــ ـــــ ـــــــ ـــــ ـــــــ ـــــ ـــــــــ ـــــ ـــــــ ـــــ ـــ ـــــــ ـــــ ـــــــ ـــــــــ ـــــ ـــــ ـــــ ـــــــ ـــــ ـــــــ ـــــ ـــــــــ ـــــ ـــــــ ـــــ ـــ ـــــــ ـــــ ـــــــ ـــــــــ ـــــ ـــــ ـــــ ـــــــ ـــــ ـــــــ ـــــ ـــــــــ ـــــ ـــــــ ـــــ ـــ ـــــــ ـــــ ـــــــ ـــــــــ ـــــ ـــــ ـــــ ـــــــ ـــــ ـــــــ ـــــ ـــــــــ ـــــ ـــــــ ـــــ ـــ ـــــــ ـــــ ـــــــ ـــــــــ ـــــ ـــــ ـــــ ـــــــ ـــــ ـــــــ ـــــ ـــــــــ ـــــ ـــــــ ـــــ ـــ ـــــــ ـــــ ـــــــ ـــــــــ ـــــ ـــــ ـــــ ـــــــ ـــــ ـــــــ ـــــ ـــــــــ ـــــ ـــــــ ـــــ ـــ ـــــــ ـــــ ـــــــ ـــــــــ ـــــ ـــــ ـــــ ـــــــ ـــــ ـــــــ ـــــ ـــــــــ ـــــ ـــــــ ـــــ ـــ ـــــــ ـــــ ـــــــ
64	سیاست
ـــــ ـــــــ ـــــ ـــــــــ ـــــ ـــــــ ـــــ ـــ ـــــــ ـــــ ـــــــ ـــــــــ ـــــ ـــــ ـــــ ـــــــ ـــــ ـــــــ ـــــ ـــــــــ ـــــ ـــــــ ـــــ ـــ ـــــــ ـــــ ـــــــ ـــــــــ ـــــ ـــــ ـــــ ـــــــ ـــــ ـــــــ ـــــ ـــــــــ ـــــ ـــــــ ـــــ ـــ ـــــــ ـــــ ـــــــ ـــــــــ ـــــ ـــــ ـــــ ـــــــ ـــــ ـــــــ ـــــ ـــــــــ ـــــ ـــــــ ـــــ ـــ ـــــــ ـــــ ـــــــ ـــــــــ ـــــ ـــــ ـــــ ـــــــ ـــــ ـــــــ ـــــ ـــــــــ ـــــ ـــــــ ـــــ ـــ ـــــــ ـــــ ـــــــ ـــــــــ ـــــ ـــــ ـــــ ـــــــ ـــــ ـــــــ ـــــ ـــــــــ ـــــ ـــــــ ـــــ ـــ ـــــــ ـــــ ـــــــ ـــــــــ ـــــ ـــــ ـــــ ـــــــ ـــــ ـــــــ ـــــ ـــــــــ ـــــ ـــــــ ـــــ ـــ ـــــــ ـــــ ـــــــ ـــــــــ ـــــ ـــــ ـــــ ـــــــ ـــــ ـــــــ ـــــ ـــــــــ ـــــ ـــــــ ـــــ ـــ ـــــــ ـــــ ـــــــ ـــــــــ ـــــ ـــــ ـــــ ـــــــ ـــــ ـــــــ ـــــ ـــــــــ ـــــ ـــــــ ـــــ ـــ ـــــــ ـــــ ـــــــ ـــــــــ ـــــ ـــــ ـــــ ـــــــ ـــــ ـــــــ ـــــ ـــــــــ ـــــ ـــــــ ـــــ ـــ ـــــــ ـــــ ـــــــ ـــــــــ ـــــ ـــــ ـــــ ـــــــ ـــــ ـــــــ ـــــ ـــــــــ ـــــ ـــــــ ـــــ ـــ ـــــــ ـــــ ـــــــ ـــــــــ ـــــ ـــــ ـــــ ـــــــ ـــــ ـــــــ ـــــ ـــــــــ ـــــ ـــــــ ـــــ ـــ ـــــــ ـــــ ـــــــ ـــــــــ ـــــ ـــــ ـــــ ـــــــ ـــــ ـــــــ ـــــ ـــــــــ ـــــ ـــــــ ـــــ ـــ ـــــــ ـــــ ـــــــ ـــــــــ ـــــ ـــــ ـــــ ـــــــ ـــــ ـــــــ ـــــ ـــــــــ ـــــ ـــــــ ـــــ ـــ ـــــــ ـــــ ـــــــ ـــــــــ ـــــ ـــــ ـــــ ـــــــ ـــــ ـــــــ ـــــ ـــــــــ ـــــ ـــــــ ـــــ ـــ ـــــــ ـــــ ـــــــ ـــــــــ ـــــ ـــــ ـــــ ـــــــ ـــــ ـــــــ ـــــ ـــــــــ ـــــ ـــــــ ـــــ ـــ ـــــــ ـــــ ـــــــ
ـــــ ـــــــ ـــــ ـــــــــ ـــــ ـــــــ ـــــ ـــ ـــــــ ـــــ ـــــــ ـــــــــ ـــــ ـــــ ـــــ ـــــــ ـــــ ـــــــ ـــــ ـــــــــ ـــــ ـــــــ ـــــ ـــ ـــــــ ـــــ ـــــــ ـــــــــ ـــــ ـــــ ـــــ ـــــــ ـــــ ـــــــ ـــــ ـــــــــ ـــــ ـــــــ ـــــ ـــ ـــــــ ـــــ ـــــــ ـــــــــ ـــــ ـــــ ـــــ ـــــــ ـــــ ـــــــ ـــــ ـــــــــ ـــــ ـــــــ ـــــ ـــ ـــــــ ـــــ ـــــــ ـــــــــ ـــــ ـــــ ـــــ ـــــــ ـــــ ـــــــ ـــــ ـــــــــ ـــــ ـــــــ ـــــ ـــ ـــــــ ـــــ ـــــــ ـــــــــ ـــــ ـــــ ـــــ ـــــــ ـــــ ـــــــ ـــــ ـــــــــ ـــــ ـــــــ ـــــ ـــ ـــــــ ـــــ ـــــــ ـــــــــ ـــــ ـــــ ـــــ ـــــــ ـــــ ـــــــ ـــــ ـــــــــ ـــــ ـــــــ ـــــ ـــ ـــــــ ـــــ ـــــــ ـــــــــ ـــــ ـــــ ـــــ ـــــــ ـــــ ـــــــ ـــــ ـــــــــ ـــــ ـــــــ ـــــ ـــ ـــــــ ـــــ ـــــــ ـــــــــ ـــــ ـــــ ـــــ ـــــــ ـــــ ـــــــ ـــــ ـــــــــ ـــــ ـــــــ ـــــ ـــ ـــــــ ـــــ ـــــــ ـــــــــ ـــــ ـــــ ـــــ ـــــــ ـــــ ـــــــ ـــــ
65	سیاست
ـــــ ـــــــ ـــــ ـــــــــ ـــــ ـــــــ ـــــ ـــ ـــــــ ـــــ ـــــــ ـــــــــ ـــــ ـــــ ـــــ ـــــــ ـــــ ـــــــ ـــــ ـــــــــ ـــــ ـــــــ ـــــ ـــ ـــــــ ـــــ ـــــــ ـــــــــ ـــــ ـــــ ـــــ ـــــــ ـــــ ـــــــ ـــــ ـــــــــ ـــــ ـــــــ ـــــ ـــ ـــــــ ـــــ ـــــــ ـــــــــ ـــــ ـــــ ـــــ ـــــــ ـــــ ـــــــ ـــــ ـــــــــ ـــــ ـــــــ ـــــ ـــ ـــــــ ـــــ ـــــــ ـــــــــ ـــــ ـــــ ـــــ ـــــــ ـــــ ـــــــ ـــــ ـــــــــ ـــــ ـــــــ ـــــ ـــ ـــــــ ـــــ ـــــــ ـــــــــ ـــــ ـــــ ـــــ ـــــــ ـــــ ـــــــ ـــــ ـــــــــ ـــــ ـــــــ ـــــ ـــ ـــــــ ـــــ ـــــــ ـــــــــ ـــــ ـــــ ـــــ ـــــــ ـــــ ـــــــ ـــــ ـــــــــ ـــــ ـــــــ ـــــ ـــ ـــــــ ـــــ ـــــــ ـــــــــ ـــــ ـــــ ـــــ ـــــــ ـــــ ـــــــ ـــــ ـــــــــ ـــــ ـــــــ ـــــ ـــ ـــــــ ـــــ ـــــــ ـــــــــ ـــــ ـــــ ـــــ ـــــــ ـــــ ـــــــ ـــــ ـــــــــ ـــــ ـــــــ ـــــ ـــ ـــــــ ـــــ ـــــــ ـــــــــ ـــــ ـــــ ـــــ ـــــــ ـــــ ـــــــ ـــــ
66	سیاست
ـــــ ـــــــ ـــــ ـــــــــ ـــــ ـــــــ ـــــ ـــ ـــــــ ـــــ ـــــــ ـــــــــ ـــــ ـــــ ـــــ ـــــــ ـــــ ـــــــ ـــــ ـــــــــ ـــــ ـــــــ ـــــ ـــ ـــــــ ـــــ ـــــــ ـــــــــ ـــــ ـــــ ـــــ ـــــــ ـــــ ـــــــ ـــــ ـــــــــ ـــــ ـــــــ ـــــ ـــ ـــــــ ـــــ ـــــــ ـــــــــ ـــــ ـــــ ـــــ ـــــــ ـــــ ـــــــ ـــــ ـــــــــ ـــــ ـــــــ ـــــ ـــ ـــــــ ـــــ ـــــــ ـــــــــ ـــــ ـــــ ـــــ ـــــــ ـــــ ـــــــ ـــــ ـــــــــ ـــــ ـــــــ ـــــ ـــ ـــــــ ـــــ ـــــــ ـــــــــ ـــــ ـــــ ـــــ ـــــــ ـــــ ـــــــ ـــــ ـــــــــ ـــــ ـــــــ ـــــ ـــ ـــــــ ـــــ ـــــــ ـــــــــ ـــــ ـــــ ـــــ ـــــــ ـــــ ـــــــ ـــــ ـــــــــ ـــــ ـــــــ ـــــ ـــ ـــــــ ـــــ ـــــــ ـــــــــ ـــــ ـــــ ـــــ ـــــــ ـــــ ـــــــ ـــــ ـــــــــ ـــــ ـــــــ ـــــ ـــ ـــــــ ـــــ ـــــــ ـــــــــ ـــــ ـــــ ـــــ ـــــــ ـــــ ـــــــ ـــــ ـــــــــ ـــــ ـــــــ ـــــ ـــ ـــــــ ـــــ ـــــــ ـــــــــ ـــــ ـــــ ـــــ ـــــــ ـــــ ـــــــ ـــــ
67	سیاست
ـــــ ـــــــ ـــــ ـــــــــ ـــــ ـــــــ ـــــ ـــ ـــــــ ـــــ ـــــــ ـــــــــ ـــــ ـــــ ـــــ ـــــــ ـــــ ـــــــ ـــــ ـــــــــ ـــــ ـــــــ ـــــ ـــ ـــــــ ـــــ ـــــــ ـــــــــ ـــــ ـــــ ـــــ ـــــــ ـــــ ـــــــ ـــــ ـــــــــ ـــــ ـــــــ ـــــ ـــ ـــــــ ـــــ ـــــــ ـــــــــ ـــــ ـــــ ـــــ ـــــــ ـــــ ـــــــ ـــــ ـــــــــ ـــــ ـــــــ ـــــ ـــ ـــــــ ـــــ ـــــــ ـــــــــ ـــــ ـــــ ـــــ ـــــــ ـــــ ـــــــ ـــــ ـــــــــ ـــــ ـــــــ ـــــ ـــ ـــــــ ـــــ ـــــــ ـــــــــ ـــــ ـــــ ـــــ ـــــــ ـــــ ـــــــ ـــــ ـــــــــ ـــــ ـــــــ ـــــ ـــ ـــــــ ـــــ ـــــــ ـــــــــ ـــــ ـــــ ـــــ ـــــــ ـــــ ـــــــ ـــــ ـــــــــ ـــــ ـــــــ ـــــ ـــ ـــــــ ـــــ ـــــــ ـــــــــ ـــــ ـــــ ـــــ ـــــــ ـــــ ـــــــ ـــــ ـــــــــ ـــــ ـــــــ ـــــ ـــ ـــــــ ـــــ ـــــــ ـــــــــ ـــــ ـــــ ـــــ ـــــــ ـــــ ـــــــ ـــــ ـــــــــ ـــــ ـــــــ ـــــ ـــ ـــــــ ـــــ ـــــــ ـــــــــ ـــــ ـــــ ـــــ ـــــــ ـــــ ـــــــ ـــــ
68	سیاست
ـــــ ـــــــ ـــــ ـــــــــ ـــــ ـــــــ ـــــ ـــ ـــــــ ـــــ ـــــــ ـــــــــ ـــــ ـــــ ـــــ ـــــــ ـــــ ـــــــ ـــــ ـــــــــ ـــــ ـــــــ ـــــ ـــ ـــــــ ـــــ ـــــــ ـــــــــ ـــــ ـــــ ـــــ ـــــــ ـــــ ـــــــ ـــــ ـــــــــ ـــــ ـــــــ ـــــ ـــ ـــــــ ـــــ ـــــــ ـــــــــ ـــــ ـــــ ـــــ ـــــــ ـــــ ـــــــ ـــــ ـــــــــ ـــــ ـــــــ ـــــ ـــ ـــــــ ـــــ ـــــــ ـــــــــ ـــــ ـــــ ـــــ ـــــــ ـــــ ـــــــ ـــــ ـــــــــ ـــــ ـــــــ ـــــ ـــ ـــــــ ـــــ ـــــــ ـــــــــ ـــــ ـــــ ـــــ ـــــــ ـــــ ـــــــ ـــــ ـــــــــ ـــــ ـــــــ ـــــ ـــ ـــــــ ـــــ ـــــــ ـــــــــ ـــــ ـــــ ـــــ ـــــــ ـــــ ـــــــ ـــــ ـــــــــ ـــــ ـــــــ ـــــ ـــ ـــــــ ـــــ ـــــــ ـــــــــ ـــــ ـــــ ـــــ ـــــــ ـــــ ـــــــ ـــــ ـــــــــ ـــــ ـــــــ ـــــ ـــ ـــــــ ـــــ ـــــــ ـــــــــ ـــــ ـــــ ـــــ ـــــــ ـــــ ـــــــ ـــــ ـــــــــ ـــــ ـــــــ ـــــ ـــ ـــــــ ـــــ ـــــــ ـــــــــ ـــــ ـــــ ـــــ ـــــــ ـــــ ـــــــ ـــــ
69	سیاست
ـــــ ـــــــ ـــــ ـــــــــ ـــــ ـــــــ ـــــ ـــ ـــــــ ـــــ ـــــــ ـــــــــ ـــــ ـــــ ـــــ ـــــــ ـــــ ـــــــ ـــــ ـــــــــ ـــــ ـــــــ ـــــ ـــ ـــــــ ـــــ ـــــــ ـــــــــ ـــــ ـــــ ـــــ ـــــــ ـــــ ـــــــ ـــــ ـــــــــ ـــــ ـــــــ ـــــ ـــ ـــــــ ـــــ ـــــــ ـــــــــ ـــــ ـــــ ـــــ ـــــــ ـــــ ـــــــ ـــــ ـــــــــ ـــــ ـــــــ ـــــ ـــ ـــــــ ـــــ ـــــــ ـــــــــ ـــــ ـــــ ـــــ ـــــــ ـــــ ـــــــ ـــــ ـــــــــ ـــــ ـــــــ ـــــ ـــ ـــــــ ـــــ ـــــــ ـــــــــ ـــــ ـــــ ـــــ ـــــــ ـــــ ـــــــ ـــــ ـــــــــ ـــــ ـــــــ ـــــ ـــ ـــــــ ـــــ ـــــــ ـــــــــ ـــــ ـــــ ـــــ ـــــــ ـــــ ـــــــ ـــــ ـــــــــ ـــــ ـــــــ ـــــ ـــ ـــــــ ـــــ ـــــــ ـــــــــ ـــــ ـــــ ـــــ ـــــــ ـــــ ـــــــ ـــــ ـــــــــ ـــــ ـــــــ ـــــ ـــ ـــــــ ـــــ ـــــــ ـــــــــ ـــــ ـــــ ـــــ ـــــــ ـــــ ـــــــ ـــــ ـــــــــ ـــــ ـــــــ ـــــ ـــ ـــــــ ـــــ ـــــــ ـــــــــ ـــــ ـــــ ـــــ ـــــــ ـــــ ـــــــ ـــــ
70	سیاست
ـــــ ـــــــ ـــــ ـــــــــ ـــــ ـــــــ ـــــ ـــ ـــــــ ـــــ ـــــــ ـــــــــ ـــــ ـــــ ـــــ ـــــــ ـــــ ـــــــ ـــــ ـــــــــ ـــــ ـــــــ ـــــ ـــ ـــــــ ـــــ ـــــــ ـــــــــ ـــــ ـــــ ـــــ ـــــــ ـــــ ـــــــ ـــــ ـــــــــ ـــــ ـــــــ ـــــ ـــ ـــــــ ـــــ ـــــــ ـــــــــ ـــــ ـــــ ـــــ ـــــــ ـــــ ـــــــ ـــــ ـــــــــ ـــــ ـــــــ ـــــ ـــ ـــــــ ـــــ ـــــــ ـــــــــ ـــــ ـــــ ـــــ ـــــــ ـــــ ـــــــ ـــــ ـــــــــ ـــــ ـــــــ ـــــ ـــ ـــــــ ـــــ ـــــــ ـــــــــ ـــــ ـــــ ـــــ ـــــــ ـــــ ـــــــ ـــــ ـــــــــ ـــــ ـــــــ ـــــ ـــ ـــــــ ـــــ ـــــــ ـــــــــ ـــــ ـــــ ـــــ ـــــــ ـــــ ـــــــ ـــــ ـــــــــ ـــــ ـــــــ ـــــ ـــ ـــــــ ـــــ ـــــــ ـــــــــ ـــــ ـــــ ـــــ ـــــــ ـــــ ـــــــ ـــــ ـــــــــ ـــــ ـــــــ ـــــ ـــ ـــــــ ـــــ ـــــــ ـــــــــ ـــــ ـــــ ـــــ ـــــــ ـــــ ـــــــ ـــــ ـــــــــ ـــــ ـــــــ ـــــ ـــ ـــــــ ـــــ ـــــــ ـــــــــ ـــــ ـــــ ـــــ ـــــــ ـــــ ـــــــ ـــــ
71	سیاست
ـــــ ـــــــ ـــــ ـــــــــ ـــــ ـــــــ ـــــ ـــ ـــــــ ـــــ ـــــــ ـــــــــ ـــــ ـــــ ـــــ ـــــــ ـــــ ـــــــ ـــــ ـــــــــ ـــــ ـــــــ ـــــ ـــ ـــــــ ـــــ ـــــــ ـــــــــ ـــــ ـــــ ـــــ ـــــــ ـــــ ـــــــ ـــــ ـــــــــ ـــــ ـــــــ ـــــ ـــ ـــــــ ـــــ ـــــــ ـــــــــ ـــــ ـــــ ـــــ ـــــــ ـــــ ـــــــ ـــــ ـــــــــ ـــــ ـــــــ ـــــ ـــ ـــــــ ـــــ ـــــــ ـــــــــ ـــــ ـــــ ـــــ ـــــــ ـــــ ـــــــ ـــــ ـــــــــ ـــــ ـــــــ ـــــ ـــ ـــــــ ـــــ ـــــــ ـــــــــ ـــــ ـــــ ـــــ ـــــــ ـــــ ـــــــ ـــــ ـــــــــ ـــــ ـــــــ ـــــ ـــ ـــــــ ـــــ ـــــــ ـــــــــ ـــــ ـــــ ـــــ ـــــــ ـــــ ـــــــ ـــــ ـــــــــ ـــــ ـــــــ ـــــ ـــ ـــــــ ـــــ ـــــــ ـــــــــ ـــــ ـــــ ـــــ ـــــــ ـــــ ـــــــ ـــــ ـــــــــ ـــــ ـــــــ ـــــ ـــ ـــــــ ـــــ ـــــــ ـــــــــ ـــــ ـــــ ـــــ ـــــــ ـــــ ـــــــ ـــــ ـــــــــ ـــــ ـــــــ ـــــ ـــ ـــــــ ـــــ ـــــــ ـــــــــ ـــــ ـــــ ـــــ ـــــــ ـــــ ـــــــ ـــــ
72	سیاست
ـــــ ـــــــ ـــــ ـــــــــ ـــــ ـــــــ ـــــ ـــ ـــــــ ـــــ ـــــــ ـــــــــ ـــــ ـــــ ـــــ ـــــــ ـــــ ـــــــ ـــــ ـــــــــ ـــــ ـــــــ ـــــ ـــ ـــــــ ـــــ ـــــــ ـــــــــ ـــــ ـــــ ـــــ ـــــــ ـــــ ـــــــ ـــــ ـــــــــ ـــــ ـــــــ ـــــ ـــ ـــــــ ـــــ ـــــــ ـــــــــ ـــــ ـــــ ـــــ ـــــــ ـــــ ـــــــ ـــــ ـــــــــ ـــــ ـــــــ ـــــ ـــ ـــــــ ـــــ ـــــــ ـــــــــ ـــــ ـــــ ـــــ ـــــــ ـــــ ـــــــ ـــــ ـــــــــ ـــــ ـــــــ ـــــ ـــ ـــــــ ـــــ ـــــــ ـــــــــ ـــــ ـــــ ـــــ ـــــــ ـــــ ـــــــ ـــــ ـــــــــ ـــــ ـــــــ ـــــ ـــ ـــــــ ـــــ ـــــــ ـــــــــ ـــــ ـــــ ـــــ ـــــــ ـــــ ـــــــ ـــــ ـــــــــ ـــــ ـــــــ ـــــ ـــ ـــــــ ـــــ ـــــــ ـــــــــ ـــــ ـــــ ـــــ ـــــــ ـــــ ـــــــ ـــــ ـــــــــ ـــــ ـــــــ ـــــ ـــ ـــــــ ـــــ ـــــــ ـــــــــ ـــــ ـــــ ـــــ ـــــــ ـــــ ـــــــ ـــــ ـــــــــ ـــــ ـــــــ ـــــ ـــ ـــــــ ـــــ ـــــــ ـــــــــ ـــــ ـــــ ـــــ ـــــــ ـــــ ـــــــ ـــــ
73	سیاست
ـــــ ـــــــ ـــــ ـــــــــ ـــــ ـــــــ ـــــ ـــ ـــــــ ـــــ ـــــــ ـــــــــ ـــــ ـــــ ـــــ ـــــــ ـــــ ـــــــ ـــــ ـــــــــ ـــــ ـــــــ ـــــ ـــ ـــــــ ـــــ ـــــــ ـــــــــ ـــــ ـــــ ـــــ ـــــــ ـــــ ـــــــ ـــــ ـــــــــ ـــــ ـــــــ ـــــ ـــ ـــــــ ـــــ ـــــــ ـــــــــ ـــــ ـــــ ـــــ ـــــــ ـــــ ـــــــ ـــــ ـــــــــ ـــــ ـــــــ ـــــ ـــ ـــــــ ـــــ ـــــــ ـــــــــ ـــــ ـــــ ـــــ ـــــــ ـــــ ـــــــ ـــــ ـــــــــ ـــــ ـــــــ ـــــ ـــ ـــــــ ـــــ ـــــــ ـــــــــ ـــــ ـــــ ـــــ ـــــــ ـــــ ـــــــ ـــــ ـــــــــ ـــــ ـــــــ ـــــ ـــ ـــــــ ـــــ ـــــــ ـــــــــ ـــــ ـــــ ـــــ ـــــــ ـــــ ـــــــ ـــــ ـــــــــ ـــــ ـــــــ ـــــ ـــ ـــــــ ـــــ ـــــــ ـــــــــ ـــــ ـــــ ـــــ ـــــــ ـــــ ـــــــ ـــــ ـــــــــ ـــــ ـــــــ ـــــ ـــ ـــــــ ـــــ ـــــــ ـــــــــ ـــــ ـــــ ـــــ ـــــــ ـــــ ـــــــ ـــــ ـــــــــ ـــــ ـــــــ ـــــ ـــ ـــــــ ـــــ ـــــــ ـــــــــ ـــــ ـــــ ـــــ ـــــــ ـــــ ـــــــ ـــــ
✕
✕
✕
✕
✕
✕
✕
✕
✕
✕
✕
✕
✕
✕
✕
✕
